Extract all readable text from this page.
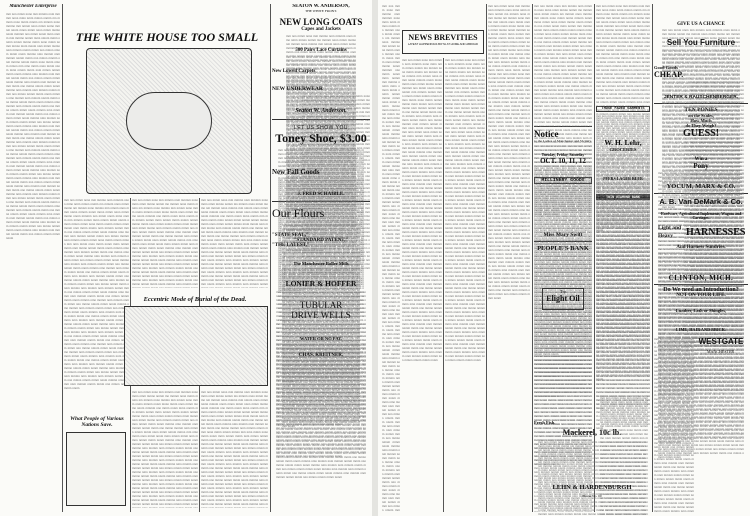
Manchester Enterprise
mm nnn mmm nnnn mm mmmn nnm mmmm nnnn mmn nmm mmnn nnmm mn mmnm nnnn mmm mnmn nm mmnm nnnn mmmn mm nmnm nnnn mmm nnmn mmnm nnnm mnnn mmm nnnn mmm mnmn nnnm mmmm nnn mmm nnnm mmn nnmm mm mmmn nnmm mmn nmnm mmm nnmm nmnm mmnn mmm nnnn mmm nnmm mmnn mnm mnnm nnm mmm mnmn nnm mmnm nnmm mmm nnn mmnn nmnm mmm nnnm mmmn nmn mnmm nnm mmnm nnmm mmm nnn mmnn mnmm nnm mmmn nmnm mmm nnnn mmm nmnm mmnn mm nmn mmm nnnn mmm nnnm mmn nmnm mmm nnm mmnn nmnm mmm nnnm mmmn nmn mnmm nnm mmnm nnmm mmm nnn mmnn nmnm mmm nnnm mmmn nmn mnmm nnm mmnm nnmm mmm nnn mmnn nmnm mmm nnnm mmmn nmn mnmm nnm mmnm nnmm mmm nnn mmnn nmnm mmm nnnm mmmn nmn mnmm nnm mmnm nnmm mmm nnn mmnn nmnm mmm nnnm mmmn nmn mnmm nnm mmnm nnmm mmm nnn mmnn nmnm mmm nnnm mmmn nmn mnmm nnm mmnm nnmm mmm nnn mmnn nmnm mmm nnnm mmmn nmn mnmm nnm mmnm nnmm mmm nnn mmnn nmnm mmm nnnm mmmn nmn mnmm nnm mmnm nnmm mmm nnn mmnn nmnm mmm nnnm mmmn nmn mnmm nnm mmnm nnmm mmm nnn mmnn nmnm mmm nnnm mmmn nmn mnmm nnm mmnm nnmm mmm nnn mmnn nmnm mmm nnnm mmmn nmn mnmm nnm mmnm nnmm mmm nnn mmnn nmnm mmm nnnm mmmn nmn mnmm nnm mmnm nnmm mmm nnn mmnn nmnm mmm nnnm mmmn nmn mnmm nnm mmnm nnmm mmm nnn mmnn nmnm mmm nnnm mmmn nmn mnmm nnm mmnm nnmm mmm nnn mmnn nmnm mmm nnnm mmmn nmn mnmm nnm mmnm nnmm mmm nnn mmnn nmnm mmm nnnm mmmn nmn mnmm nnm mmnm nnmm mmm nnn mmnn nmnm mmm nnnm mmmn nmn mnmm nnm mmnm nnmm mmm nnn mmnn nmnm mmm nnnm mmmn nmn mnmm nnm mmnm nnmm mmm nnn mmnn nmnm mmm nnnm mmmn nmn mnmm nnm mmnm nnmm mmm nnn mmnn nmnm mmm nnnm mmmn nmn mnmm nnm mmnm nnmm mmm nnn mmnn nmnm mmm nnnm mmmn nmn mnmm nnm mmnm nnmm mmm nnn mmnn nmnm mmm nnnm mmmn nmn mnmm nnm mmnm nnmm mmm nnn mmnn nmnm mmm nnnm
THE WHITE HOUSE TOO SMALL
mm nnn mmm nnnn mm mmmn nnm mmmm nnnn mmn nmm mmnn nnmm mn mmnm nnnn mmm mnmn nm mmnm nnnn mmmn mm nmnm nnnn mmm nnmn mmnm nnnm mnnn mmm nnnn mmm mnmn nnnm mmmm nnn mmm nnnm mmn nnmm mm mmmn nnmm mmn nmnm mmm nnmm nmnm mmnn mmm nnnn mmm nnmm mmnn mnm mnnm nnm mmm mnmn nnm mmnm nnmm mmm nnn mmnn nmnm mmm nnnm mmmn nmn mnmm nnm mmnm nnmm mmm nnn mmnn mnmm nnm mmmn nmnm mmm nnnn mmm nmnm mmnn mm nmn mmm nnnn mmm nnnm mmn nmnm mmm nnm mmnn nmnm mmm nnnm mmmn nmn mnmm nnm mmnm nnmm mmm nnn mmnn nmnm mmm nnnm mmmn nmn mnmm nnm mmnm nnmm mmm nnn mmnn nmnm mmm nnnm mmmn nmn mnmm nnm mmnm nnmm mmm nnn mmnn nmnm mmm nnnm mmmn nmn mnmm nnm mmnm nnmm mmm nnn mmnn nmnm mmm nnnm mmmn nmn mnmm nnm mmnm nnmm mmm nnn mmnn nmnm mmm nnnm mmmn nmn mnmm nnm mmnm nnmm mmm nnn mmnn nmnm mmm nnnm mmmn nmn mnmm nnm mmnm nnmm mmm nnn mmnn nmnm mmm nnnm mmmn nmn mnmm nnm mmnm nnmm mmm nnn mmnn nmnm mmm nnnm mmmn nmn mnmm nnm mmnm nnmm mmm nnn mmnn nmnm mmm nnnm mmmn nmn mnmm nnm mmnm nnmm mmm nnn mmnn nmnm mmm nnnm mmmn nmn mnmm nnm mmnm nnmm mmm nnn mmnn nmnm mmm nnnm mmmn nmn mnmm nnm mmnm nnmm mmm nnn mmnn nmnm mmm nnnm mmmn nmn mnmm nnm mmnm nnmm mmm nnn mmnn nmnm mmm nnnm mmmn nmn mnmm nnm mmnm nnmm mmm nnn mmnn nmnm mmm nnnm mmmn nmn mnmm nnm mmnm nnmm mmm nnn mmnn nmnm mmm nnnm mmmn nmn mnmm nnm mmnm nnmm mmm nnn mmnn nmnm mmm nnnm mmmn nmn mnmm nnm mmnm nnmm mmm nnn mmnn nmnm mmm nnnm mmmn nmn mnmm nnm mmnm nnmm mmm nnn mmnn nmnm mmm nnnm mmmn nmn mnmm nnm mmnm nnmm mmm nnn mmnn nmnm mmm nnnm mmmn nmn mnmm nnm mmnm nnmm mmm nnn mmnn nmnm mmm nnnm mmmn nmn mnmm nnm mmnm nnmm mmm nnn mmnn nmnm mmm nnnm mmmn nmn mnmm nnm mmnm nnmm mmm nnn mmnn nmnm mmm nnnm
mm nnn mmm nnnn mm mmmn nnm mmmm nnnn mmn nmm mmnn nnmm mn mmnm nnnn mmm mnmn nm mmnm nnnn mmmn mm nmnm nnnn mmm nnmn mmnm nnnm mnnn mmm nnnn mmm mnmn nnnm mmmm nnn mmm nnnm mmn nnmm mm mmmn nnmm mmn nmnm mmm nnmm nmnm mmnn mmm nnnn mmm nnmm mmnn mnm mnnm nnm mmm mnmn nnm mmnm nnmm mmm nnn mmnn nmnm mmm nnnm mmmn nmn mnmm nnm mmnm nnmm mmm nnn mmnn mnmm nnm mmmn nmnm mmm nnnn mmm nmnm mmnn mm nmn mmm nnnn mmm nnnm mmn nmnm mmm nnm mmnn nmnm mmm nnnm mmmn nmn mnmm nnm mmnm nnmm mmm nnn mmnn nmnm mmm nnnm mmmn nmn mnmm nnm mmnm nnmm mmm nnn mmnn nmnm mmm nnnm mmmn nmn mnmm nnm mmnm nnmm mmm nnn mmnn nmnm mmm nnnm mmmn nmn mnmm nnm mmnm nnmm mmm nnn mmnn nmnm mmm nnnm mmmn nmn mnmm nnm mmnm nnmm mmm nnn mmnn nmnm mmm nnnm mmmn nmn mnmm nnm mmnm nnmm mmm nnn mmnn nmnm mmm nnnm mmmn nmn mnmm nnm mmnm nnmm mmm nnn mmnn nmnm mmm nnnm mmmn nmn mnmm nnm mmnm nnmm mmm nnn mmnn nmnm mmm nnnm mmmn nmn mnmm nnm mmnm nnmm mmm nnn mmnn nmnm mmm nnnm mmmn nmn mnmm nnm mmnm nnmm mmm nnn mmnn nmnm mmm nnnm mmmn nmn mnmm nnm mmnm nnmm mmm nnn mmnn nmnm mmm nnnm mmmn nmn mnmm nnm mmnm nnmm mmm nnn mmnn nmnm mmm nnnm mmmn nmn mnmm nnm mmnm nnmm mmm nnn mmnn nmnm mmm nnnm mmmn nmn mnmm nnm mmnm nnmm mmm nnn mmnn nmnm mmm nnnm mmmn nmn mnmm nnm mmnm nnmm mmm nnn mmnn nmnm mmm nnnm mmmn nmn mnmm nnm mmnm nnmm mmm nnn mmnn nmnm mmm nnnm mmmn nmn mnmm nnm mmnm nnmm mmm nnn mmnn nmnm mmm nnnm mmmn nmn mnmm nnm mmnm nnmm mmm nnn mmnn nmnm mmm nnnm mmmn nmn mnmm nnm mmnm nnmm mmm nnn mmnn nmnm mmm nnnm mmmn nmn mnmm nnm mmnm nnmm mmm nnn mmnn nmnm mmm nnnm mmmn nmn mnmm nnm mmnm nnmm mmm nnn mmnn nmnm mmm nnnm mmmn nmn mnmm nnm mmnm nnmm mmm nnn mmnn nmnm mmm nnnm
mm nnn mmm nnnn mm mmmn nnm mmmm nnnn mmn nmm mmnn nnmm mn mmnm nnnn mmm mnmn nm mmnm nnnn mmmn mm nmnm nnnn mmm nnmn mmnm nnnm mnnn mmm nnnn mmm mnmn nnnm mmmm nnn mmm nnnm mmn nnmm mm mmmn nnmm mmn nmnm mmm nnmm nmnm mmnn mmm nnnn mmm nnmm mmnn mnm mnnm nnm mmm mnmn nnm mmnm nnmm mmm nnn mmnn nmnm mmm nnnm mmmn nmn mnmm nnm mmnm nnmm mmm nnn mmnn mnmm nnm mmmn nmnm mmm nnnn mmm nmnm mmnn mm nmn mmm nnnn mmm nnnm mmn nmnm mmm nnm mmnn nmnm mmm nnnm mmmn nmn mnmm nnm mmnm nnmm mmm nnn mmnn nmnm mmm nnnm mmmn nmn mnmm nnm mmnm nnmm mmm nnn mmnn nmnm mmm nnnm mmmn nmn mnmm nnm mmnm nnmm mmm nnn mmnn nmnm mmm nnnm mmmn nmn mnmm nnm mmnm nnmm mmm nnn mmnn nmnm mmm nnnm mmmn nmn mnmm nnm mmnm nnmm mmm nnn mmnn nmnm mmm nnnm mmmn nmn mnmm nnm mmnm nnmm mmm nnn mmnn nmnm mmm nnnm mmmn nmn mnmm nnm mmnm nnmm mmm nnn mmnn nmnm mmm nnnm mmmn nmn mnmm nnm mmnm nnmm mmm nnn mmnn nmnm mmm nnnm mmmn nmn mnmm nnm mmnm nnmm mmm nnn mmnn nmnm mmm nnnm mmmn nmn mnmm nnm mmnm nnmm mmm nnn mmnn nmnm mmm nnnm mmmn nmn mnmm nnm mmnm nnmm mmm nnn mmnn nmnm mmm nnnm mmmn nmn mnmm nnm mmnm nnmm mmm nnn mmnn nmnm mmm nnnm mmmn nmn mnmm nnm mmnm nnmm mmm nnn mmnn nmnm mmm nnnm mmmn nmn mnmm nnm mmnm nnmm mmm nnn mmnn nmnm mmm nnnm mmmn nmn mnmm nnm mmnm nnmm mmm nnn mmnn nmnm mmm nnnm mmmn nmn mnmm nnm mmnm nnmm mmm nnn mmnn nmnm mmm nnnm mmmn nmn mnmm nnm mmnm nnmm mmm nnn mmnn nmnm mmm nnnm mmmn nmn mnmm nnm mmnm nnmm mmm nnn mmnn nmnm mmm nnnm mmmn nmn mnmm nnm mmnm nnmm mmm nnn mmnn nmnm mmm nnnm mmmn nmn mnmm nnm mmnm nnmm mmm nnn mmnn nmnm mmm nnnm mmmn nmn mnmm nnm mmnm nnmm mmm nnn mmnn nmnm mmm nnnm mmmn nmn mnmm nnm mmnm nnmm mmm nnn mmnn nmnm mmm nnnm
Eccentric Mode of Burial of the Dead.
mm nnn mmm nnnn mm mmmn nnm mmmm nnnn mmn nmm mmnn nnmm mn mmnm nnnn mmm mnmn nm mmnm nnnn mmmn mm nmnm nnnn mmm nnmn mmnm nnnm mnnn mmm nnnn mmm mnmn nnnm mmmm nnn mmm nnnm mmn nnmm mm mmmn nnmm mmn nmnm mmm nnmm nmnm mmnn mmm nnnn mmm nnmm mmnn mnm mnnm nnm mmm mnmn nnm mmnm nnmm mmm nnn mmnn nmnm mmm nnnm mmmn nmn mnmm nnm mmnm nnmm mmm nnn mmnn mnmm nnm mmmn nmnm mmm nnnn mmm nmnm mmnn mm nmn mmm nnnn mmm nnnm mmn nmnm mmm nnm mmnn nmnm mmm nnnm mmmn nmn mnmm nnm mmnm nnmm mmm nnn mmnn nmnm mmm nnnm mmmn nmn mnmm nnm mmnm nnmm mmm nnn mmnn nmnm mmm nnnm mmmn nmn mnmm nnm mmnm nnmm mmm nnn mmnn nmnm mmm nnnm mmmn nmn mnmm nnm mmnm nnmm mmm nnn mmnn nmnm mmm nnnm mmmn nmn mnmm nnm mmnm nnmm mmm nnn mmnn nmnm mmm nnnm mmmn nmn mnmm nnm mmnm nnmm mmm nnn mmnn nmnm mmm nnnm mmmn nmn mnmm nnm mmnm nnmm mmm nnn mmnn nmnm mmm nnnm mmmn nmn mnmm nnm mmnm nnmm mmm nnn mmnn nmnm mmm nnnm mmmn nmn mnmm nnm mmnm nnmm mmm nnn mmnn nmnm mmm nnnm mmmn nmn mnmm nnm mmnm nnmm mmm nnn mmnn nmnm mmm nnnm mmmn nmn mnmm nnm mmnm nnmm mmm nnn mmnn nmnm mmm nnnm mmmn nmn mnmm nnm mmnm nnmm mmm nnn mmnn nmnm mmm nnnm mmmn nmn mnmm nnm mmnm nnmm mmm nnn mmnn nmnm mmm nnnm mmmn nmn mnmm nnm mmnm nnmm mmm nnn mmnn nmnm mmm nnnm mmmn nmn mnmm nnm mmnm nnmm mmm nnn mmnn nmnm mmm nnnm mmmn nmn mnmm nnm mmnm nnmm mmm nnn mmnn nmnm mmm nnnm mmmn nmn mnmm nnm mmnm nnmm mmm nnn mmnn nmnm mmm nnnm mmmn nmn mnmm nnm mmnm nnmm mmm nnn mmnn nmnm mmm nnnm mmmn nmn mnmm nnm mmnm nnmm mmm nnn mmnn nmnm mmm nnnm mmmn nmn mnmm nnm mmnm nnmm mmm nnn mmnn nmnm mmm nnnm mmmn nmn mnmm nnm mmnm nnmm mmm nnn mmnn nmnm mmm nnnm mmmn nmn mnmm nnm mmnm nnmm mmm nnn mmnn nmnm mmm nnnm
mm nnn mmm nnnn mm mmmn nnm mmmm nnnn mmn nmm mmnn nnmm mn mmnm nnnn mmm mnmn nm mmnm nnnn mmmn mm nmnm nnnn mmm nnmn mmnm nnnm mnnn mmm nnnn mmm mnmn nnnm mmmm nnn mmm nnnm mmn nnmm mm mmmn nnmm mmn nmnm mmm nnmm nmnm mmnn mmm nnnn mmm nnmm mmnn mnm mnnm nnm mmm mnmn nnm mmnm nnmm mmm nnn mmnn nmnm mmm nnnm mmmn nmn mnmm nnm mmnm nnmm mmm nnn mmnn mnmm nnm mmmn nmnm mmm nnnn mmm nmnm mmnn mm nmn mmm nnnn mmm nnnm mmn nmnm mmm nnm mmnn nmnm mmm nnnm mmmn nmn mnmm nnm mmnm nnmm mmm nnn mmnn nmnm mmm nnnm mmmn nmn mnmm nnm mmnm nnmm mmm nnn mmnn nmnm mmm nnnm mmmn nmn mnmm nnm mmnm nnmm mmm nnn mmnn nmnm mmm nnnm mmmn nmn mnmm nnm mmnm nnmm mmm nnn mmnn nmnm mmm nnnm mmmn nmn mnmm nnm mmnm nnmm mmm nnn mmnn nmnm mmm nnnm mmmn nmn mnmm nnm mmnm nnmm mmm nnn mmnn nmnm mmm nnnm mmmn nmn mnmm nnm mmnm nnmm mmm nnn mmnn nmnm mmm nnnm mmmn nmn mnmm nnm mmnm nnmm mmm nnn mmnn nmnm mmm nnnm mmmn nmn mnmm nnm mmnm nnmm mmm nnn mmnn nmnm mmm nnnm mmmn nmn mnmm nnm mmnm nnmm mmm nnn mmnn nmnm mmm nnnm mmmn nmn mnmm nnm mmnm nnmm mmm nnn mmnn nmnm mmm nnnm mmmn nmn mnmm nnm mmnm nnmm mmm nnn mmnn nmnm mmm nnnm mmmn nmn mnmm nnm mmnm nnmm mmm nnn mmnn nmnm mmm nnnm mmmn nmn mnmm nnm mmnm nnmm mmm nnn mmnn nmnm mmm nnnm mmmn nmn mnmm nnm mmnm nnmm mmm nnn mmnn nmnm mmm nnnm mmmn nmn mnmm nnm mmnm nnmm mmm nnn mmnn nmnm mmm nnnm mmmn nmn mnmm nnm mmnm nnmm mmm nnn mmnn nmnm mmm nnnm mmmn nmn mnmm nnm mmnm nnmm mmm nnn mmnn nmnm mmm nnnm mmmn nmn mnmm nnm mmnm nnmm mmm nnn mmnn nmnm mmm nnnm mmmn nmn mnmm nnm mmnm nnmm mmm nnn mmnn nmnm mmm nnnm mmmn nmn mnmm nnm mmnm nnmm mmm nnn mmnn nmnm mmm nnnm mmmn nmn mnmm nnm mmnm nnmm mmm nnn mmnn nmnm mmm nnnm
What People of Various Nations Save.
SEATON W. ANDERSON,
THE WHITE FRONT.
NEW LONG COATS
Capes and Jackets
mm nnn mmm nnnn mm mmmn nnm mmmm nnnn mmn nmm mmnn nnmm mn mmnm nnnn mmm mnmn nm mmnm nnnn mmmn mm nmnm nnnn mmm nnmn mmnm nnnm mnnn mmm nnnn mmm mnmn nnnm mmmm nnn mmm nnnm mmn nnmm mm mmmn nnmm mmn nmnm mmm nnmm nmnm mmnn mmm nnnn mmm nnmm mmnn mnm mnnm nnm mmm mnmn nnm mmnm nnmm mmm nnn mmnn nmnm mmm nnnm mmmn nmn mnmm nnm mmnm nnmm mmm nnn mmnn mnmm nnm mmmn nmnm mmm nnnn mmm nmnm mmnn mm nmn mmm nnnn mmm nnnm mmn nmnm mmm nnm mmnn nmnm mmm nnnm mmmn nmn mnmm nnm mmnm nnmm mmm nnn mmnn nmnm mmm nnnm mmmn nmn mnmm nnm mmnm nnmm mmm nnn mmnn nmnm mmm nnnm mmmn nmn mnmm nnm mmnm nnmm mmm nnn mmnn nmnm mmm nnnm mmmn nmn mnmm nnm mmnm nnmm mmm nnn mmnn nmnm mmm nnnm mmmn nmn mnmm nnm mmnm nnmm mmm nnn mmnn nmnm mmm nnnm mmmn nmn mnmm nnm mmnm nnmm mmm nnn mmnn nmnm mmm nnnm mmmn nmn mnmm nnm mmnm nnmm mmm nnn mmnn nmnm mmm nnnm mmmn nmn mnmm nnm mmnm nnmm mmm nnn mmnn nmnm mmm nnnm mmmn nmn mnmm nnm mmnm nnmm mmm nnn mmnn nmnm mmm nnnm mmmn nmn mnmm nnm mmnm nnmm mmm nnn mmnn nmnm mmm nnnm mmmn nmn mnmm nnm mmnm nnmm mmm nnn mmnn nmnm mmm nnnm mmmn nmn mnmm nnm mmnm nnmm mmm nnn mmnn nmnm mmm nnnm mmmn nmn mnmm nnm mmnm nnmm mmm nnn mmnn nmnm mmm nnnm mmmn nmn mnmm nnm mmnm nnmm mmm nnn mmnn nmnm mmm nnnm mmmn nmn mnmm nnm mmnm nnmm mmm nnn mmnn nmnm mmm nnnm mmmn nmn mnmm nnm mmnm nnmm mmm nnn mmnn nmnm mmm nnnm mmmn nmn mnmm nnm mmnm nnmm mmm nnn mmnn nmnm mmm nnnm mmmn nmn mnmm nnm mmnm nnmm mmm nnn mmnn nmnm mmm nnnm mmmn nmn mnmm nnm mmnm nnmm mmm nnn mmnn nmnm mmm nnnm mmmn nmn mnmm nnm mmnm nnmm mmm nnn mmnn nmnm mmm nnnm mmmn nmn mnmm nnm mmnm nnmm mmm nnn mmnn nmnm mmm nnnm mmmn nmn mnmm nnm mmnm nnmm mmm nnn mmnn nmnm mmm nnnm
500 Pairs Lace Curtains
mm nnn mmm nnnn mm mmmn nnm mmmm nnnn mmn nmm mmnn nnmm mn mmnm nnnn mmm mnmn nm mmnm nnnn mmmn mm nmnm nnnn mmm nnmn mmnm nnnm mnnn mmm nnnn mmm mnmn nnnm mmmm nnn mmm nnnm mmn nnmm mm mmmn nnmm mmn nmnm mmm nnmm nmnm mmnn mmm nnnn mmm nnmm mmnn mnm mnnm nnm mmm mnmn nnm mmnm nnmm mmm nnn mmnn nmnm mmm nnnm mmmn nmn mnmm nnm mmnm nnmm mmm nnn mmnn mnmm nnm mmmn nmnm mmm nnnn mmm nmnm mmnn mm nmn mmm nnnn mmm nnnm mmn nmnm mmm nnm mmnn nmnm mmm nnnm mmmn nmn mnmm nnm mmnm nnmm mmm nnn mmnn nmnm mmm nnnm mmmn nmn mnmm nnm mmnm nnmm mmm nnn mmnn nmnm mmm nnnm mmmn nmn mnmm nnm mmnm nnmm mmm nnn mmnn nmnm mmm nnnm mmmn nmn mnmm nnm mmnm nnmm mmm nnn mmnn nmnm mmm nnnm mmmn nmn mnmm nnm mmnm nnmm mmm nnn mmnn nmnm mmm nnnm mmmn nmn mnmm nnm mmnm nnmm mmm nnn mmnn nmnm mmm nnnm mmmn nmn mnmm nnm mmnm nnmm mmm nnn mmnn nmnm mmm nnnm mmmn nmn mnmm nnm mmnm nnmm mmm nnn mmnn nmnm mmm nnnm mmmn nmn mnmm nnm mmnm nnmm mmm nnn mmnn nmnm mmm nnnm mmmn nmn mnmm nnm mmnm nnmm mmm nnn mmnn nmnm mmm nnnm mmmn nmn mnmm nnm mmnm nnmm mmm nnn mmnn nmnm mmm nnnm mmmn nmn mnmm nnm mmnm nnmm mmm nnn mmnn nmnm mmm nnnm mmmn nmn mnmm nnm mmnm nnmm mmm nnn mmnn nmnm mmm nnnm mmmn nmn mnmm nnm mmnm nnmm mmm nnn mmnn nmnm mmm nnnm mmmn nmn mnmm nnm mmnm nnmm mmm nnn mmnn nmnm mmm nnnm mmmn nmn mnmm nnm mmnm nnmm mmm nnn mmnn nmnm mmm nnnm mmmn nmn mnmm nnm mmnm nnmm mmm nnn mmnn nmnm mmm nnnm mmmn nmn mnmm nnm mmnm nnmm mmm nnn mmnn nmnm mmm nnnm mmmn nmn mnmm nnm mmnm nnmm mmm nnn mmnn nmnm mmm nnnm mmmn nmn mnmm nnm mmnm nnmm mmm nnn mmnn nmnm mmm nnnm mmmn nmn mnmm nnm mmnm nnmm mmm nnn mmnn nmnm mmm nnnm mmmn nmn mnmm nnm mmnm nnmm mmm nnn mmnn nmnm mmm nnnm
New Lowell Carpets
mm nnn mmm nnnn mm mmmn nnm mmmm nnnn mmn nmm mmnn nnmm mn mmnm nnnn mmm mnmn nm mmnm nnnn mmmn mm nmnm nnnn mmm nnmn mmnm nnnm mnnn mmm nnnn mmm mnmn nnnm mmmm nnn mmm nnnm mmn nnmm mm mmmn nnmm mmn nmnm mmm nnmm nmnm mmnn mmm nnnn mmm nnmm mmnn mnm mnnm nnm mmm mnmn nnm mmnm nnmm mmm nnn mmnn nmnm mmm nnnm mmmn nmn mnmm nnm mmnm nnmm mmm nnn mmnn mnmm nnm mmmn nmnm mmm nnnn mmm nmnm mmnn mm nmn mmm nnnn mmm nnnm mmn nmnm mmm nnm mmnn nmnm mmm nnnm mmmn nmn mnmm nnm mmnm nnmm mmm nnn mmnn nmnm mmm nnnm mmmn nmn mnmm nnm mmnm nnmm mmm nnn mmnn nmnm mmm nnnm mmmn nmn mnmm nnm mmnm nnmm mmm nnn mmnn nmnm mmm nnnm mmmn nmn mnmm nnm mmnm nnmm mmm nnn mmnn nmnm mmm nnnm mmmn nmn mnmm nnm mmnm nnmm mmm nnn mmnn nmnm mmm nnnm mmmn nmn mnmm nnm mmnm nnmm mmm nnn mmnn nmnm mmm nnnm mmmn nmn mnmm nnm mmnm nnmm mmm nnn mmnn nmnm mmm nnnm mmmn nmn mnmm nnm mmnm nnmm mmm nnn mmnn nmnm mmm nnnm mmmn nmn mnmm nnm mmnm nnmm mmm nnn mmnn nmnm mmm nnnm mmmn nmn mnmm nnm mmnm nnmm mmm nnn mmnn nmnm mmm nnnm mmmn nmn mnmm nnm mmnm nnmm mmm nnn mmnn nmnm mmm nnnm mmmn nmn mnmm nnm mmnm nnmm mmm nnn mmnn nmnm mmm nnnm mmmn nmn mnmm nnm mmnm nnmm mmm nnn mmnn nmnm mmm nnnm mmmn nmn mnmm nnm mmnm nnmm mmm nnn mmnn nmnm mmm nnnm mmmn nmn mnmm nnm mmnm nnmm mmm nnn mmnn nmnm mmm nnnm mmmn nmn mnmm nnm mmnm nnmm mmm nnn mmnn nmnm mmm nnnm mmmn nmn mnmm nnm mmnm nnmm mmm nnn mmnn nmnm mmm nnnm mmmn nmn mnmm nnm mmnm nnmm mmm nnn mmnn nmnm mmm nnnm mmmn nmn mnmm nnm mmnm nnmm mmm nnn mmnn nmnm mmm nnnm mmmn nmn mnmm nnm mmnm nnmm mmm nnn mmnn nmnm mmm nnnm mmmn nmn mnmm nnm mmnm nnmm mmm nnn mmnn nmnm mmm nnnm mmmn nmn mnmm nnm mmnm nnmm mmm nnn mmnn nmnm mmm nnnm
NEW UNDERWEAR
mm nnn mmm nnnn mm mmmn nnm mmmm nnnn mmn nmm mmnn nnmm mn mmnm nnnn mmm mnmn nm mmnm nnnn mmmn mm nmnm nnnn mmm nnmn mmnm nnnm mnnn mmm nnnn mmm mnmn nnnm mmmm nnn mmm nnnm mmn nnmm mm mmmn nnmm mmn nmnm mmm nnmm nmnm mmnn mmm nnnn mmm nnmm mmnn mnm mnnm nnm mmm mnmn nnm mmnm nnmm mmm nnn mmnn nmnm mmm nnnm mmmn nmn mnmm nnm mmnm nnmm mmm nnn mmnn mnmm nnm mmmn nmnm mmm nnnn mmm nmnm mmnn mm nmn mmm nnnn mmm nnnm mmn nmnm mmm nnm mmnn nmnm mmm nnnm mmmn nmn mnmm nnm mmnm nnmm mmm nnn mmnn nmnm mmm nnnm mmmn nmn mnmm nnm mmnm nnmm mmm nnn mmnn nmnm mmm nnnm mmmn nmn mnmm nnm mmnm nnmm mmm nnn mmnn nmnm mmm nnnm mmmn nmn mnmm nnm mmnm nnmm mmm nnn mmnn nmnm mmm nnnm mmmn nmn mnmm nnm mmnm nnmm mmm nnn mmnn nmnm mmm nnnm mmmn nmn mnmm nnm mmnm nnmm mmm nnn mmnn nmnm mmm nnnm mmmn nmn mnmm nnm mmnm nnmm mmm nnn mmnn nmnm mmm nnnm mmmn nmn mnmm nnm mmnm nnmm mmm nnn mmnn nmnm mmm nnnm mmmn nmn mnmm nnm mmnm nnmm mmm nnn mmnn nmnm mmm nnnm mmmn nmn mnmm nnm mmnm nnmm mmm nnn mmnn nmnm mmm nnnm mmmn nmn mnmm nnm mmnm nnmm mmm nnn mmnn nmnm mmm nnnm mmmn nmn mnmm nnm mmnm nnmm mmm nnn mmnn nmnm mmm nnnm mmmn nmn mnmm nnm mmnm nnmm mmm nnn mmnn nmnm mmm nnnm mmmn nmn mnmm nnm mmnm nnmm mmm nnn mmnn nmnm mmm nnnm mmmn nmn mnmm nnm mmnm nnmm mmm nnn mmnn nmnm mmm nnnm mmmn nmn mnmm nnm mmnm nnmm mmm nnn mmnn nmnm mmm nnnm mmmn nmn mnmm nnm mmnm nnmm mmm nnn mmnn nmnm mmm nnnm mmmn nmn mnmm nnm mmnm nnmm mmm nnn mmnn nmnm mmm nnnm mmmn nmn mnmm nnm mmnm nnmm mmm nnn mmnn nmnm mmm nnnm mmmn nmn mnmm nnm mmnm nnmm mmm nnn mmnn nmnm mmm nnnm mmmn nmn mnmm nnm mmnm nnmm mmm nnn mmnn nmnm mmm nnnm mmmn nmn mnmm nnm mmnm nnmm mmm nnn mmnn nmnm mmm nnnm
Seaton W. Anderson.
LET US SHOW YOU
Toney Shoe, $3.00
mm nnn mmm nnnn mm mmmn nnm mmmm nnnn mmn nmm mmnn nnmm mn mmnm nnnn mmm mnmn nm mmnm nnnn mmmn mm nmnm nnnn mmm nnmn mmnm nnnm mnnn mmm nnnn mmm mnmn nnnm mmmm nnn mmm nnnm mmn nnmm mm mmmn nnmm mmn nmnm mmm nnmm nmnm mmnn mmm nnnn mmm nnmm mmnn mnm mnnm nnm mmm mnmn nnm mmnm nnmm mmm nnn mmnn nmnm mmm nnnm mmmn nmn mnmm nnm mmnm nnmm mmm nnn mmnn mnmm nnm mmmn nmnm mmm nnnn mmm nmnm mmnn mm nmn mmm nnnn mmm nnnm mmn nmnm mmm nnm mmnn nmnm mmm nnnm mmmn nmn mnmm nnm mmnm nnmm mmm nnn mmnn nmnm mmm nnnm mmmn nmn mnmm nnm mmnm nnmm mmm nnn mmnn nmnm mmm nnnm mmmn nmn mnmm nnm mmnm nnmm mmm nnn mmnn nmnm mmm nnnm mmmn nmn mnmm nnm mmnm nnmm mmm nnn mmnn nmnm mmm nnnm mmmn nmn mnmm nnm mmnm nnmm mmm nnn mmnn nmnm mmm nnnm mmmn nmn mnmm nnm mmnm nnmm mmm nnn mmnn nmnm mmm nnnm mmmn nmn mnmm nnm mmnm nnmm mmm nnn mmnn nmnm mmm nnnm mmmn nmn mnmm nnm mmnm nnmm mmm nnn mmnn nmnm mmm nnnm mmmn nmn mnmm nnm mmnm nnmm mmm nnn mmnn nmnm mmm nnnm mmmn nmn mnmm nnm mmnm nnmm mmm nnn mmnn nmnm mmm nnnm mmmn nmn mnmm nnm mmnm nnmm mmm nnn mmnn nmnm mmm nnnm mmmn nmn mnmm nnm mmnm nnmm mmm nnn mmnn nmnm mmm nnnm mmmn nmn mnmm nnm mmnm nnmm mmm nnn mmnn nmnm mmm nnnm mmmn nmn mnmm nnm mmnm nnmm mmm nnn mmnn nmnm mmm nnnm mmmn nmn mnmm nnm mmnm nnmm mmm nnn mmnn nmnm mmm nnnm mmmn nmn mnmm nnm mmnm nnmm mmm nnn mmnn nmnm mmm nnnm mmmn nmn mnmm nnm mmnm nnmm mmm nnn mmnn nmnm mmm nnnm mmmn nmn mnmm nnm mmnm nnmm mmm nnn mmnn nmnm mmm nnnm mmmn nmn mnmm nnm mmnm nnmm mmm nnn mmnn nmnm mmm nnnm mmmn nmn mnmm nnm mmnm nnmm mmm nnn mmnn nmnm mmm nnnm mmmn nmn mnmm nnm mmnm nnmm mmm nnn mmnn nmnm mmm nnnm mmmn nmn mnmm nnm mmnm nnmm mmm nnn mmnn nmnm mmm nnnm
New Fall Goods
mm nnn mmm nnnn mm mmmn nnm mmmm nnnn mmn nmm mmnn nnmm mn mmnm nnnn mmm mnmn nm mmnm nnnn mmmn mm nmnm nnnn mmm nnmn mmnm nnnm mnnn mmm nnnn mmm mnmn nnnm mmmm nnn mmm nnnm mmn nnmm mm mmmn nnmm mmn nmnm mmm nnmm nmnm mmnn mmm nnnn mmm nnmm mmnn mnm mnnm nnm mmm mnmn nnm mmnm nnmm mmm nnn mmnn nmnm mmm nnnm mmmn nmn mnmm nnm mmnm nnmm mmm nnn mmnn mnmm nnm mmmn nmnm mmm nnnn mmm nmnm mmnn mm nmn mmm nnnn mmm nnnm mmn nmnm mmm nnm mmnn nmnm mmm nnnm mmmn nmn mnmm nnm mmnm nnmm mmm nnn mmnn nmnm mmm nnnm mmmn nmn mnmm nnm mmnm nnmm mmm nnn mmnn nmnm mmm nnnm mmmn nmn mnmm nnm mmnm nnmm mmm nnn mmnn nmnm mmm nnnm mmmn nmn mnmm nnm mmnm nnmm mmm nnn mmnn nmnm mmm nnnm mmmn nmn mnmm nnm mmnm nnmm mmm nnn mmnn nmnm mmm nnnm mmmn nmn mnmm nnm mmnm nnmm mmm nnn mmnn nmnm mmm nnnm mmmn nmn mnmm nnm mmnm nnmm mmm nnn mmnn nmnm mmm nnnm mmmn nmn mnmm nnm mmnm nnmm mmm nnn mmnn nmnm mmm nnnm mmmn nmn mnmm nnm mmnm nnmm mmm nnn mmnn nmnm mmm nnnm mmmn nmn mnmm nnm mmnm nnmm mmm nnn mmnn nmnm mmm nnnm mmmn nmn mnmm nnm mmnm nnmm mmm nnn mmnn nmnm mmm nnnm mmmn nmn mnmm nnm mmnm nnmm mmm nnn mmnn nmnm mmm nnnm mmmn nmn mnmm nnm mmnm nnmm mmm nnn mmnn nmnm mmm nnnm mmmn nmn mnmm nnm mmnm nnmm mmm nnn mmnn nmnm mmm nnnm mmmn nmn mnmm nnm mmnm nnmm mmm nnn mmnn nmnm mmm nnnm mmmn nmn mnmm nnm mmnm nnmm mmm nnn mmnn nmnm mmm nnnm mmmn nmn mnmm nnm mmnm nnmm mmm nnn mmnn nmnm mmm nnnm mmmn nmn mnmm nnm mmnm nnmm mmm nnn mmnn nmnm mmm nnnm mmmn nmn mnmm nnm mmnm nnmm mmm nnn mmnn nmnm mmm nnnm mmmn nmn mnmm nnm mmnm nnmm mmm nnn mmnn nmnm mmm nnnm mmmn nmn mnmm nnm mmnm nnmm mmm nnn mmnn nmnm mmm nnnm mmmn nmn mnmm nnm mmnm nnmm mmm nnn mmnn nmnm mmm nnnm
J. FRED SCHAIBLE.
Our Flours
mm nnn mmm nnnn mm mmmn nnm mmmm nnnn mmn nmm mmnn nnmm mn mmnm nnnn mmm mnmn nm mmnm nnnn mmmn mm nmnm nnnn mmm nnmn mmnm nnnm mnnn mmm nnnn mmm mnmn nnnm mmmm nnn mmm nnnm mmn nnmm mm mmmn nnmm mmn nmnm mmm nnmm nmnm mmnn mmm nnnn mmm nnmm mmnn mnm mnnm nnm mmm mnmn nnm mmnm nnmm mmm nnn mmnn nmnm mmm nnnm mmmn nmn mnmm nnm mmnm nnmm mmm nnn mmnn mnmm nnm mmmn nmnm mmm nnnn mmm nmnm mmnn mm nmn mmm nnnn mmm nnnm mmn nmnm mmm nnm mmnn nmnm mmm nnnm mmmn nmn mnmm nnm mmnm nnmm mmm nnn mmnn nmnm mmm nnnm mmmn nmn mnmm nnm mmnm nnmm mmm nnn mmnn nmnm mmm nnnm mmmn nmn mnmm nnm mmnm nnmm mmm nnn mmnn nmnm mmm nnnm mmmn nmn mnmm nnm mmnm nnmm mmm nnn mmnn nmnm mmm nnnm mmmn nmn mnmm nnm mmnm nnmm mmm nnn mmnn nmnm mmm nnnm mmmn nmn mnmm nnm mmnm nnmm mmm nnn mmnn nmnm mmm nnnm mmmn nmn mnmm nnm mmnm nnmm mmm nnn mmnn nmnm mmm nnnm mmmn nmn mnmm nnm mmnm nnmm mmm nnn mmnn nmnm mmm nnnm mmmn nmn mnmm nnm mmnm nnmm mmm nnn mmnn nmnm mmm nnnm mmmn nmn mnmm nnm mmnm nnmm mmm nnn mmnn nmnm mmm nnnm mmmn nmn mnmm nnm mmnm nnmm mmm nnn mmnn nmnm mmm nnnm mmmn nmn mnmm nnm mmnm nnmm mmm nnn mmnn nmnm mmm nnnm mmmn nmn mnmm nnm mmnm nnmm mmm nnn mmnn nmnm mmm nnnm mmmn nmn mnmm nnm mmnm nnmm mmm nnn mmnn nmnm mmm nnnm mmmn nmn mnmm nnm mmnm nnmm mmm nnn mmnn nmnm mmm nnnm mmmn nmn mnmm nnm mmnm nnmm mmm nnn mmnn nmnm mmm nnnm mmmn nmn mnmm nnm mmnm nnmm mmm nnn mmnn nmnm mmm nnnm mmmn nmn mnmm nnm mmnm nnmm mmm nnn mmnn nmnm mmm nnnm mmmn nmn mnmm nnm mmnm nnmm mmm nnn mmnn nmnm mmm nnnm mmmn nmn mnmm nnm mmnm nnmm mmm nnn mmnn nmnm mmm nnnm mmmn nmn mnmm nnm mmnm nnmm mmm nnn mmnn nmnm mmm nnnm mmmn nmn mnmm nnm mmnm nnmm mmm nnn mmnn nmnm mmm nnnm
"STATE SEAL,"
"STANDARD PATENT,"
"THE LATEST,"
mm nnn mmm nnnn mm mmmn nnm mmmm nnnn mmn nmm mmnn nnmm mn mmnm nnnn mmm mnmn nm mmnm nnnn mmmn mm nmnm nnnn mmm nnmn mmnm nnnm mnnn mmm nnnn mmm mnmn nnnm mmmm nnn mmm nnnm mmn nnmm mm mmmn nnmm mmn nmnm mmm nnmm nmnm mmnn mmm nnnn mmm nnmm mmnn mnm mnnm nnm mmm mnmn nnm mmnm nnmm mmm nnn mmnn nmnm mmm nnnm mmmn nmn mnmm nnm mmnm nnmm mmm nnn mmnn mnmm nnm mmmn nmnm mmm nnnn mmm nmnm mmnn mm nmn mmm nnnn mmm nnnm mmn nmnm mmm nnm mmnn nmnm mmm nnnm mmmn nmn mnmm nnm mmnm nnmm mmm nnn mmnn nmnm mmm nnnm mmmn nmn mnmm nnm mmnm nnmm mmm nnn mmnn nmnm mmm nnnm mmmn nmn mnmm nnm mmnm nnmm mmm nnn mmnn nmnm mmm nnnm mmmn nmn mnmm nnm mmnm nnmm mmm nnn mmnn nmnm mmm nnnm mmmn nmn mnmm nnm mmnm nnmm mmm nnn mmnn nmnm mmm nnnm mmmn nmn mnmm nnm mmnm nnmm mmm nnn mmnn nmnm mmm nnnm mmmn nmn mnmm nnm mmnm nnmm mmm nnn mmnn nmnm mmm nnnm mmmn nmn mnmm nnm mmnm nnmm mmm nnn mmnn nmnm mmm nnnm mmmn nmn mnmm nnm mmnm nnmm mmm nnn mmnn nmnm mmm nnnm mmmn nmn mnmm nnm mmnm nnmm mmm nnn mmnn nmnm mmm nnnm mmmn nmn mnmm nnm mmnm nnmm mmm nnn mmnn nmnm mmm nnnm mmmn nmn mnmm nnm mmnm nnmm mmm nnn mmnn nmnm mmm nnnm mmmn nmn mnmm nnm mmnm nnmm mmm nnn mmnn nmnm mmm nnnm mmmn nmn mnmm nnm mmnm nnmm mmm nnn mmnn nmnm mmm nnnm mmmn nmn mnmm nnm mmnm nnmm mmm nnn mmnn nmnm mmm nnnm mmmn nmn mnmm nnm mmnm nnmm mmm nnn mmnn nmnm mmm nnnm mmmn nmn mnmm nnm mmnm nnmm mmm nnn mmnn nmnm mmm nnnm mmmn nmn mnmm nnm mmnm nnmm mmm nnn mmnn nmnm mmm nnnm mmmn nmn mnmm nnm mmnm nnmm mmm nnn mmnn nmnm mmm nnnm mmmn nmn mnmm nnm mmnm nnmm mmm nnn mmnn nmnm mmm nnnm mmmn nmn mnmm nnm mmnm nnmm mmm nnn mmnn nmnm mmm nnnm mmmn nmn mnmm nnm mmnm nnmm mmm nnn mmnn nmnm mmm nnnm
The Manchester Roller Mills
mm nnn mmm nnnn mm mmmn nnm mmmm nnnn mmn nmm mmnn nnmm mn mmnm nnnn mmm mnmn nm mmnm nnnn mmmn mm nmnm nnnn mmm nnmn mmnm nnnm mnnn mmm nnnn mmm mnmn nnnm mmmm nnn mmm nnnm mmn nnmm mm mmmn nnmm mmn nmnm mmm nnmm nmnm mmnn mmm nnnn mmm nnmm mmnn mnm mnnm nnm mmm mnmn nnm mmnm nnmm mmm nnn mmnn nmnm mmm nnnm mmmn nmn mnmm nnm mmnm nnmm mmm nnn mmnn mnmm nnm mmmn nmnm mmm nnnn mmm nmnm mmnn mm nmn mmm nnnn mmm nnnm mmn nmnm mmm nnm mmnn nmnm mmm nnnm mmmn nmn mnmm nnm mmnm nnmm mmm nnn mmnn nmnm mmm nnnm mmmn nmn mnmm nnm mmnm nnmm mmm nnn mmnn nmnm mmm nnnm mmmn nmn mnmm nnm mmnm nnmm mmm nnn mmnn nmnm mmm nnnm mmmn nmn mnmm nnm mmnm nnmm mmm nnn mmnn nmnm mmm nnnm mmmn nmn mnmm nnm mmnm nnmm mmm nnn mmnn nmnm mmm nnnm mmmn nmn mnmm nnm mmnm nnmm mmm nnn mmnn nmnm mmm nnnm mmmn nmn mnmm nnm mmnm nnmm mmm nnn mmnn nmnm mmm nnnm mmmn nmn mnmm nnm mmnm nnmm mmm nnn mmnn nmnm mmm nnnm mmmn nmn mnmm nnm mmnm nnmm mmm nnn mmnn nmnm mmm nnnm mmmn nmn mnmm nnm mmnm nnmm mmm nnn mmnn nmnm mmm nnnm mmmn nmn mnmm nnm mmnm nnmm mmm nnn mmnn nmnm mmm nnnm mmmn nmn mnmm nnm mmnm nnmm mmm nnn mmnn nmnm mmm nnnm mmmn nmn mnmm nnm mmnm nnmm mmm nnn mmnn nmnm mmm nnnm mmmn nmn mnmm nnm mmnm nnmm mmm nnn mmnn nmnm mmm nnnm mmmn nmn mnmm nnm mmnm nnmm mmm nnn mmnn nmnm mmm nnnm mmmn nmn mnmm nnm mmnm nnmm mmm nnn mmnn nmnm mmm nnnm mmmn nmn mnmm nnm mmnm nnmm mmm nnn mmnn nmnm mmm nnnm mmmn nmn mnmm nnm mmnm nnmm mmm nnn mmnn nmnm mmm nnnm mmmn nmn mnmm nnm mmnm nnmm mmm nnn mmnn nmnm mmm nnnm mmmn nmn mnmm nnm mmnm nnmm mmm nnn mmnn nmnm mmm nnnm mmmn nmn mnmm nnm mmnm nnmm mmm nnn mmnn nmnm mmm nnnm mmmn nmn mnmm nnm mmnm nnmm mmm nnn mmnn nmnm mmm nnnm
LONIER & HOFFER
mm nnn mmm nnnn mm mmmn nnm mmmm nnnn mmn nmm mmnn nnmm mn mmnm nnnn mmm mnmn nm mmnm nnnn mmmn mm nmnm nnnn mmm nnmn mmnm nnnm mnnn mmm nnnn mmm mnmn nnnm mmmm nnn mmm nnnm mmn nnmm mm mmmn nnmm mmn nmnm mmm nnmm nmnm mmnn mmm nnnn mmm nnmm mmnn mnm mnnm nnm mmm mnmn nnm mmnm nnmm mmm nnn mmnn nmnm mmm nnnm mmmn nmn mnmm nnm mmnm nnmm mmm nnn mmnn mnmm nnm mmmn nmnm mmm nnnn mmm nmnm mmnn mm nmn mmm nnnn mmm nnnm mmn nmnm mmm nnm mmnn nmnm mmm nnnm mmmn nmn mnmm nnm mmnm nnmm mmm nnn mmnn nmnm mmm nnnm mmmn nmn mnmm nnm mmnm nnmm mmm nnn mmnn nmnm mmm nnnm mmmn nmn mnmm nnm mmnm nnmm mmm nnn mmnn nmnm mmm nnnm mmmn nmn mnmm nnm mmnm nnmm mmm nnn mmnn nmnm mmm nnnm mmmn nmn mnmm nnm mmnm nnmm mmm nnn mmnn nmnm mmm nnnm mmmn nmn mnmm nnm mmnm nnmm mmm nnn mmnn nmnm mmm nnnm mmmn nmn mnmm nnm mmnm nnmm mmm nnn mmnn nmnm mmm nnnm mmmn nmn mnmm nnm mmnm nnmm mmm nnn mmnn nmnm mmm nnnm mmmn nmn mnmm nnm mmnm nnmm mmm nnn mmnn nmnm mmm nnnm mmmn nmn mnmm nnm mmnm nnmm mmm nnn mmnn nmnm mmm nnnm mmmn nmn mnmm nnm mmnm nnmm mmm nnn mmnn nmnm mmm nnnm mmmn nmn mnmm nnm mmnm nnmm mmm nnn mmnn nmnm mmm nnnm mmmn nmn mnmm nnm mmnm nnmm mmm nnn mmnn nmnm mmm nnnm mmmn nmn mnmm nnm mmnm nnmm mmm nnn mmnn nmnm mmm nnnm mmmn nmn mnmm nnm mmnm nnmm mmm nnn mmnn nmnm mmm nnnm mmmn nmn mnmm nnm mmnm nnmm mmm nnn mmnn nmnm mmm nnnm mmmn nmn mnmm nnm mmnm nnmm mmm nnn mmnn nmnm mmm nnnm mmmn nmn mnmm nnm mmnm nnmm mmm nnn mmnn nmnm mmm nnnm mmmn nmn mnmm nnm mmnm nnmm mmm nnn mmnn nmnm mmm nnnm mmmn nmn mnmm nnm mmnm nnmm mmm nnn mmnn nmnm mmm nnnm mmmn nmn mnmm nnm mmnm nnmm mmm nnn mmnn nmnm mmm nnnm mmmn nmn mnmm nnm mmnm nnmm mmm nnn mmnn nmnm mmm nnnm
TUBULAR
DRIVE WELLS
mm nnn mmm nnnn mm mmmn nnm mmmm nnnn mmn nmm mmnn nnmm mn mmnm nnnn mmm mnmn nm mmnm nnnn mmmn mm nmnm nnnn mmm nnmn mmnm nnnm mnnn mmm nnnn mmm mnmn nnnm mmmm nnn mmm nnnm mmn nnmm mm mmmn nnmm mmn nmnm mmm nnmm nmnm mmnn mmm nnnn mmm nnmm mmnn mnm mnnm nnm mmm mnmn nnm mmnm nnmm mmm nnn mmnn nmnm mmm nnnm mmmn nmn mnmm nnm mmnm nnmm mmm nnn mmnn mnmm nnm mmmn nmnm mmm nnnn mmm nmnm mmnn mm nmn mmm nnnn mmm nnnm mmn nmnm mmm nnm mmnn nmnm mmm nnnm mmmn nmn mnmm nnm mmnm nnmm mmm nnn mmnn nmnm mmm nnnm mmmn nmn mnmm nnm mmnm nnmm mmm nnn mmnn nmnm mmm nnnm mmmn nmn mnmm nnm mmnm nnmm mmm nnn mmnn nmnm mmm nnnm mmmn nmn mnmm nnm mmnm nnmm mmm nnn mmnn nmnm mmm nnnm mmmn nmn mnmm nnm mmnm nnmm mmm nnn mmnn nmnm mmm nnnm mmmn nmn mnmm nnm mmnm nnmm mmm nnn mmnn nmnm mmm nnnm mmmn nmn mnmm nnm mmnm nnmm mmm nnn mmnn nmnm mmm nnnm mmmn nmn mnmm nnm mmnm nnmm mmm nnn mmnn nmnm mmm nnnm mmmn nmn mnmm nnm mmnm nnmm mmm nnn mmnn nmnm mmm nnnm mmmn nmn mnmm nnm mmnm nnmm mmm nnn mmnn nmnm mmm nnnm mmmn nmn mnmm nnm mmnm nnmm mmm nnn mmnn nmnm mmm nnnm mmmn nmn mnmm nnm mmnm nnmm mmm nnn mmnn nmnm mmm nnnm mmmn nmn mnmm nnm mmnm nnmm mmm nnn mmnn nmnm mmm nnnm mmmn nmn mnmm nnm mmnm nnmm mmm nnn mmnn nmnm mmm nnnm mmmn nmn mnmm nnm mmnm nnmm mmm nnn mmnn nmnm mmm nnnm mmmn nmn mnmm nnm mmnm nnmm mmm nnn mmnn nmnm mmm nnnm mmmn nmn mnmm nnm mmnm nnmm mmm nnn mmnn nmnm mmm nnnm mmmn nmn mnmm nnm mmnm nnmm mmm nnn mmnn nmnm mmm nnnm mmmn nmn mnmm nnm mmnm nnmm mmm nnn mmnn nmnm mmm nnnm mmmn nmn mnmm nnm mmnm nnmm mmm nnn mmnn nmnm mmm nnnm mmmn nmn mnmm nnm mmnm nnmm mmm nnn mmnn nmnm mmm nnnm mmmn nmn mnmm nnm mmnm nnmm mmm nnn mmnn nmnm mmm nnnm
WATER OR NO PAY.
mm nnn mmm nnnn mm mmmn nnm mmmm nnnn mmn nmm mmnn nnmm mn mmnm nnnn mmm mnmn nm mmnm nnnn mmmn mm nmnm nnnn mmm nnmn mmnm nnnm mnnn mmm nnnn mmm mnmn nnnm mmmm nnn mmm nnnm mmn nnmm mm mmmn nnmm mmn nmnm mmm nnmm nmnm mmnn mmm nnnn mmm nnmm mmnn mnm mnnm nnm mmm mnmn nnm mmnm nnmm mmm nnn mmnn nmnm mmm nnnm mmmn nmn mnmm nnm mmnm nnmm mmm nnn mmnn mnmm nnm mmmn nmnm mmm nnnn mmm nmnm mmnn mm nmn mmm nnnn mmm nnnm mmn nmnm mmm nnm mmnn nmnm mmm nnnm mmmn nmn mnmm nnm mmnm nnmm mmm nnn mmnn nmnm mmm nnnm mmmn nmn mnmm nnm mmnm nnmm mmm nnn mmnn nmnm mmm nnnm mmmn nmn mnmm nnm mmnm nnmm mmm nnn mmnn nmnm mmm nnnm mmmn nmn mnmm nnm mmnm nnmm mmm nnn mmnn nmnm mmm nnnm mmmn nmn mnmm nnm mmnm nnmm mmm nnn mmnn nmnm mmm nnnm mmmn nmn mnmm nnm mmnm nnmm mmm nnn mmnn nmnm mmm nnnm mmmn nmn mnmm nnm mmnm nnmm mmm nnn mmnn nmnm mmm nnnm mmmn nmn mnmm nnm mmnm nnmm mmm nnn mmnn nmnm mmm nnnm mmmn nmn mnmm nnm mmnm nnmm mmm nnn mmnn nmnm mmm nnnm mmmn nmn mnmm nnm mmnm nnmm mmm nnn mmnn nmnm mmm nnnm mmmn nmn mnmm nnm mmnm nnmm mmm nnn mmnn nmnm mmm nnnm mmmn nmn mnmm nnm mmnm nnmm mmm nnn mmnn nmnm mmm nnnm mmmn nmn mnmm nnm mmnm nnmm mmm nnn mmnn nmnm mmm nnnm mmmn nmn mnmm nnm mmnm nnmm mmm nnn mmnn nmnm mmm nnnm mmmn nmn mnmm nnm mmnm nnmm mmm nnn mmnn nmnm mmm nnnm mmmn nmn mnmm nnm mmnm nnmm mmm nnn mmnn nmnm mmm nnnm mmmn nmn mnmm nnm mmnm nnmm mmm nnn mmnn nmnm mmm nnnm mmmn nmn mnmm nnm mmnm nnmm mmm nnn mmnn nmnm mmm nnnm mmmn nmn mnmm nnm mmnm nnmm mmm nnn mmnn nmnm mmm nnnm mmmn nmn mnmm nnm mmnm nnmm mmm nnn mmnn nmnm mmm nnnm mmmn nmn mnmm nnm mmnm nnmm mmm nnn mmnn nmnm mmm nnnm mmmn nmn mnmm nnm mmnm nnmm mmm nnn mmnn nmnm mmm nnnm
CHAS. KREITNER.
NEWS BREVITIES
LATEST HAPPENINGS BOTH AT HOME AND ABROAD
mm nnn mmm nnnn mm mmmn nnm mmmm nnnn mmn nmm mmnn nnmm mn mmnm nnnn mmm mnmn nm mmnm nnnn mmmn mm nmnm nnnn mmm nnmn mmnm nnnm mnnn mmm nnnn mmm mnmn nnnm mmmm nnn mmm nnnm mmn nnmm mm mmmn nnmm mmn nmnm mmm nnmm nmnm mmnn mmm nnnn mmm nnmm mmnn mnm mnnm nnm mmm mnmn nnm mmnm nnmm mmm nnn mmnn nmnm mmm nnnm mmmn nmn mnmm nnm mmnm nnmm mmm nnn mmnn mnmm nnm mmmn nmnm mmm nnnn mmm nmnm mmnn mm nmn mmm nnnn mmm nnnm mmn nmnm mmm nnm mmnn nmnm mmm nnnm mmmn nmn mnmm nnm mmnm nnmm mmm nnn mmnn nmnm mmm nnnm mmmn nmn mnmm nnm mmnm nnmm mmm nnn mmnn nmnm mmm nnnm mmmn nmn mnmm nnm mmnm nnmm mmm nnn mmnn nmnm mmm nnnm mmmn nmn mnmm nnm mmnm nnmm mmm nnn mmnn nmnm mmm nnnm mmmn nmn mnmm nnm mmnm nnmm mmm nnn mmnn nmnm mmm nnnm mmmn nmn mnmm nnm mmnm nnmm mmm nnn mmnn nmnm mmm nnnm mmmn nmn mnmm nnm mmnm nnmm mmm nnn mmnn nmnm mmm nnnm mmmn nmn mnmm nnm mmnm nnmm mmm nnn mmnn nmnm mmm nnnm mmmn nmn mnmm nnm mmnm nnmm mmm nnn mmnn nmnm mmm nnnm mmmn nmn mnmm nnm mmnm nnmm mmm nnn mmnn nmnm mmm nnnm mmmn nmn mnmm nnm mmnm nnmm mmm nnn mmnn nmnm mmm nnnm mmmn nmn mnmm nnm mmnm nnmm mmm nnn mmnn nmnm mmm nnnm mmmn nmn mnmm nnm mmnm nnmm mmm nnn mmnn nmnm mmm nnnm mmmn nmn mnmm nnm mmnm nnmm mmm nnn mmnn nmnm mmm nnnm mmmn nmn mnmm nnm mmnm nnmm mmm nnn mmnn nmnm mmm nnnm mmmn nmn mnmm nnm mmnm nnmm mmm nnn mmnn nmnm mmm nnnm mmmn nmn mnmm nnm mmnm nnmm mmm nnn mmnn nmnm mmm nnnm mmmn nmn mnmm nnm mmnm nnmm mmm nnn mmnn nmnm mmm nnnm mmmn nmn mnmm nnm mmnm nnmm mmm nnn mmnn nmnm mmm nnnm mmmn nmn mnmm nnm mmnm nnmm mmm nnn mmnn nmnm mmm nnnm mmmn nmn mnmm nnm mmnm nnmm mmm nnn mmnn nmnm mmm nnnm mmmn nmn mnmm nnm mmnm nnmm mmm nnn mmnn nmnm mmm nnnm
mm nnn mmm nnnn mm mmmn nnm mmmm nnnn mmn nmm mmnn nnmm mn mmnm nnnn mmm mnmn nm mmnm nnnn mmmn mm nmnm nnnn mmm nnmn mmnm nnnm mnnn mmm nnnn mmm mnmn nnnm mmmm nnn mmm nnnm mmn nnmm mm mmmn nnmm mmn nmnm mmm nnmm nmnm mmnn mmm nnnn mmm nnmm mmnn mnm mnnm nnm mmm mnmn nnm mmnm nnmm mmm nnn mmnn nmnm mmm nnnm mmmn nmn mnmm nnm mmnm nnmm mmm nnn mmnn mnmm nnm mmmn nmnm mmm nnnn mmm nmnm mmnn mm nmn mmm nnnn mmm nnnm mmn nmnm mmm nnm mmnn nmnm mmm nnnm mmmn nmn mnmm nnm mmnm nnmm mmm nnn mmnn nmnm mmm nnnm mmmn nmn mnmm nnm mmnm nnmm mmm nnn mmnn nmnm mmm nnnm mmmn nmn mnmm nnm mmnm nnmm mmm nnn mmnn nmnm mmm nnnm mmmn nmn mnmm nnm mmnm nnmm mmm nnn mmnn nmnm mmm nnnm mmmn nmn mnmm nnm mmnm nnmm mmm nnn mmnn nmnm mmm nnnm mmmn nmn mnmm nnm mmnm nnmm mmm nnn mmnn nmnm mmm nnnm mmmn nmn mnmm nnm mmnm nnmm mmm nnn mmnn nmnm mmm nnnm mmmn nmn mnmm nnm mmnm nnmm mmm nnn mmnn nmnm mmm nnnm mmmn nmn mnmm nnm mmnm nnmm mmm nnn mmnn nmnm mmm nnnm mmmn nmn mnmm nnm mmnm nnmm mmm nnn mmnn nmnm mmm nnnm mmmn nmn mnmm nnm mmnm nnmm mmm nnn mmnn nmnm mmm nnnm mmmn nmn mnmm nnm mmnm nnmm mmm nnn mmnn nmnm mmm nnnm mmmn nmn mnmm nnm mmnm nnmm mmm nnn mmnn nmnm mmm nnnm mmmn nmn mnmm nnm mmnm nnmm mmm nnn mmnn nmnm mmm nnnm mmmn nmn mnmm nnm mmnm nnmm mmm nnn mmnn nmnm mmm nnnm mmmn nmn mnmm nnm mmnm nnmm mmm nnn mmnn nmnm mmm nnnm mmmn nmn mnmm nnm mmnm nnmm mmm nnn mmnn nmnm mmm nnnm mmmn nmn mnmm nnm mmnm nnmm mmm nnn mmnn nmnm mmm nnnm mmmn nmn mnmm nnm mmnm nnmm mmm nnn mmnn nmnm mmm nnnm mmmn nmn mnmm nnm mmnm nnmm mmm nnn mmnn nmnm mmm nnnm mmmn nmn mnmm nnm mmnm nnmm mmm nnn mmnn nmnm mmm nnnm mmmn nmn mnmm nnm mmnm nnmm mmm nnn mmnn nmnm mmm nnnm
mm nnn mmm nnnn mm mmmn nnm mmmm nnnn mmn nmm mmnn nnmm mn mmnm nnnn mmm mnmn nm mmnm nnnn mmmn mm nmnm nnnn mmm nnmn mmnm nnnm mnnn mmm nnnn mmm mnmn nnnm mmmm nnn mmm nnnm mmn nnmm mm mmmn nnmm mmn nmnm mmm nnmm nmnm mmnn mmm nnnn mmm nnmm mmnn mnm mnnm nnm mmm mnmn nnm mmnm nnmm mmm nnn mmnn nmnm mmm nnnm mmmn nmn mnmm nnm mmnm nnmm mmm nnn mmnn mnmm nnm mmmn nmnm mmm nnnn mmm nmnm mmnn mm nmn mmm nnnn mmm nnnm mmn nmnm mmm nnm mmnn nmnm mmm nnnm mmmn nmn mnmm nnm mmnm nnmm mmm nnn mmnn nmnm mmm nnnm mmmn nmn mnmm nnm mmnm nnmm mmm nnn mmnn nmnm mmm nnnm mmmn nmn mnmm nnm mmnm nnmm mmm nnn mmnn nmnm mmm nnnm mmmn nmn mnmm nnm mmnm nnmm mmm nnn mmnn nmnm mmm nnnm mmmn nmn mnmm nnm mmnm nnmm mmm nnn mmnn nmnm mmm nnnm mmmn nmn mnmm nnm mmnm nnmm mmm nnn mmnn nmnm mmm nnnm mmmn nmn mnmm nnm mmnm nnmm mmm nnn mmnn nmnm mmm nnnm mmmn nmn mnmm nnm mmnm nnmm mmm nnn mmnn nmnm mmm nnnm mmmn nmn mnmm nnm mmnm nnmm mmm nnn mmnn nmnm mmm nnnm mmmn nmn mnmm nnm mmnm nnmm mmm nnn mmnn nmnm mmm nnnm mmmn nmn mnmm nnm mmnm nnmm mmm nnn mmnn nmnm mmm nnnm mmmn nmn mnmm nnm mmnm nnmm mmm nnn mmnn nmnm mmm nnnm mmmn nmn mnmm nnm mmnm nnmm mmm nnn mmnn nmnm mmm nnnm mmmn nmn mnmm nnm mmnm nnmm mmm nnn mmnn nmnm mmm nnnm mmmn nmn mnmm nnm mmnm nnmm mmm nnn mmnn nmnm mmm nnnm mmmn nmn mnmm nnm mmnm nnmm mmm nnn mmnn nmnm mmm nnnm mmmn nmn mnmm nnm mmnm nnmm mmm nnn mmnn nmnm mmm nnnm mmmn nmn mnmm nnm mmnm nnmm mmm nnn mmnn nmnm mmm nnnm mmmn nmn mnmm nnm mmnm nnmm mmm nnn mmnn nmnm mmm nnnm mmmn nmn mnmm nnm mmnm nnmm mmm nnn mmnn nmnm mmm nnnm mmmn nmn mnmm nnm mmnm nnmm mmm nnn mmnn nmnm mmm nnnm mmmn nmn mnmm nnm mmnm nnmm mmm nnn mmnn nmnm mmm nnnm
mm nnn mmm nnnn mm mmmn nnm mmmm nnnn mmn nmm mmnn nnmm mn mmnm nnnn mmm mnmn nm mmnm nnnn mmmn mm nmnm nnnn mmm nnmn mmnm nnnm mnnn mmm nnnn mmm mnmn nnnm mmmm nnn mmm nnnm mmn nnmm mm mmmn nnmm mmn nmnm mmm nnmm nmnm mmnn mmm nnnn mmm nnmm mmnn mnm mnnm nnm mmm mnmn nnm mmnm nnmm mmm nnn mmnn nmnm mmm nnnm mmmn nmn mnmm nnm mmnm nnmm mmm nnn mmnn mnmm nnm mmmn nmnm mmm nnnn mmm nmnm mmnn mm nmn mmm nnnn mmm nnnm mmn nmnm mmm nnm mmnn nmnm mmm nnnm mmmn nmn mnmm nnm mmnm nnmm mmm nnn mmnn nmnm mmm nnnm mmmn nmn mnmm nnm mmnm nnmm mmm nnn mmnn nmnm mmm nnnm mmmn nmn mnmm nnm mmnm nnmm mmm nnn mmnn nmnm mmm nnnm mmmn nmn mnmm nnm mmnm nnmm mmm nnn mmnn nmnm mmm nnnm mmmn nmn mnmm nnm mmnm nnmm mmm nnn mmnn nmnm mmm nnnm mmmn nmn mnmm nnm mmnm nnmm mmm nnn mmnn nmnm mmm nnnm mmmn nmn mnmm nnm mmnm nnmm mmm nnn mmnn nmnm mmm nnnm mmmn nmn mnmm nnm mmnm nnmm mmm nnn mmnn nmnm mmm nnnm mmmn nmn mnmm nnm mmnm nnmm mmm nnn mmnn nmnm mmm nnnm mmmn nmn mnmm nnm mmnm nnmm mmm nnn mmnn nmnm mmm nnnm mmmn nmn mnmm nnm mmnm nnmm mmm nnn mmnn nmnm mmm nnnm mmmn nmn mnmm nnm mmnm nnmm mmm nnn mmnn nmnm mmm nnnm mmmn nmn mnmm nnm mmnm nnmm mmm nnn mmnn nmnm mmm nnnm mmmn nmn mnmm nnm mmnm nnmm mmm nnn mmnn nmnm mmm nnnm mmmn nmn mnmm nnm mmnm nnmm mmm nnn mmnn nmnm mmm nnnm mmmn nmn mnmm nnm mmnm nnmm mmm nnn mmnn nmnm mmm nnnm mmmn nmn mnmm nnm mmnm nnmm mmm nnn mmnn nmnm mmm nnnm mmmn nmn mnmm nnm mmnm nnmm mmm nnn mmnn nmnm mmm nnnm mmmn nmn mnmm nnm mmnm nnmm mmm nnn mmnn nmnm mmm nnnm mmmn nmn mnmm nnm mmnm nnmm mmm nnn mmnn nmnm mmm nnnm mmmn nmn mnmm nnm mmnm nnmm mmm nnn mmnn nmnm mmm nnnm mmmn nmn mnmm nnm mmnm nnmm mmm nnn mmnn nmnm mmm nnnm
mm nnn mmm nnnn mm mmmn nnm mmmm nnnn mmn nmm mmnn nnmm mn mmnm nnnn mmm mnmn nm mmnm nnnn mmmn mm nmnm nnnn mmm nnmn mmnm nnnm mnnn mmm nnnn mmm mnmn nnnm mmmm nnn mmm nnnm mmn nnmm mm mmmn nnmm mmn nmnm mmm nnmm nmnm mmnn mmm nnnn mmm nnmm mmnn mnm mnnm nnm mmm mnmn nnm mmnm nnmm mmm nnn mmnn nmnm mmm nnnm mmmn nmn mnmm nnm mmnm nnmm mmm nnn mmnn mnmm nnm mmmn nmnm mmm nnnn mmm nmnm mmnn mm nmn mmm nnnn mmm nnnm mmn nmnm mmm nnm mmnn nmnm mmm nnnm mmmn nmn mnmm nnm mmnm nnmm mmm nnn mmnn nmnm mmm nnnm mmmn nmn mnmm nnm mmnm nnmm mmm nnn mmnn nmnm mmm nnnm mmmn nmn mnmm nnm mmnm nnmm mmm nnn mmnn nmnm mmm nnnm mmmn nmn mnmm nnm mmnm nnmm mmm nnn mmnn nmnm mmm nnnm mmmn nmn mnmm nnm mmnm nnmm mmm nnn mmnn nmnm mmm nnnm mmmn nmn mnmm nnm mmnm nnmm mmm nnn mmnn nmnm mmm nnnm mmmn nmn mnmm nnm mmnm nnmm mmm nnn mmnn nmnm mmm nnnm mmmn nmn mnmm nnm mmnm nnmm mmm nnn mmnn nmnm mmm nnnm mmmn nmn mnmm nnm mmnm nnmm mmm nnn mmnn nmnm mmm nnnm mmmn nmn mnmm nnm mmnm nnmm mmm nnn mmnn nmnm mmm nnnm mmmn nmn mnmm nnm mmnm nnmm mmm nnn mmnn nmnm mmm nnnm mmmn nmn mnmm nnm mmnm nnmm mmm nnn mmnn nmnm mmm nnnm mmmn nmn mnmm nnm mmnm nnmm mmm nnn mmnn nmnm mmm nnnm mmmn nmn mnmm nnm mmnm nnmm mmm nnn mmnn nmnm mmm nnnm mmmn nmn mnmm nnm mmnm nnmm mmm nnn mmnn nmnm mmm nnnm mmmn nmn mnmm nnm mmnm nnmm mmm nnn mmnn nmnm mmm nnnm mmmn nmn mnmm nnm mmnm nnmm mmm nnn mmnn nmnm mmm nnnm mmmn nmn mnmm nnm mmnm nnmm mmm nnn mmnn nmnm mmm nnnm mmmn nmn mnmm nnm mmnm nnmm mmm nnn mmnn nmnm mmm nnnm mmmn nmn mnmm nnm mmnm nnmm mmm nnn mmnn nmnm mmm nnnm mmmn nmn mnmm nnm mmnm nnmm mmm nnn mmnn nmnm mmm nnnm mmmn nmn mnmm nnm mmnm nnmm mmm nnn mmnn nmnm mmm nnnm
Notice
to the Ladies of Manchester and Vicinity.
mm nnn mmm nnnn mm mmmn nnm mmmm nnnn mmn nmm mmnn nnmm mn mmnm nnnn mmm mnmn nm mmnm nnnn mmmn mm nmnm nnnn mmm nnmn mmnm nnnm mnnn mmm nnnn mmm mnmn nnnm mmmm nnn mmm nnnm mmn nnmm mm mmmn nnmm mmn nmnm mmm nnmm nmnm mmnn mmm nnnn mmm nnmm mmnn mnm mnnm nnm mmm mnmn nnm mmnm nnmm mmm nnn mmnn nmnm mmm nnnm mmmn nmn mnmm nnm mmnm nnmm mmm nnn mmnn mnmm nnm mmmn nmnm mmm nnnn mmm nmnm mmnn mm nmn mmm nnnn mmm nnnm mmn nmnm mmm nnm mmnn nmnm mmm nnnm mmmn nmn mnmm nnm mmnm nnmm mmm nnn mmnn nmnm mmm nnnm mmmn nmn mnmm nnm mmnm nnmm mmm nnn mmnn nmnm mmm nnnm mmmn nmn mnmm nnm mmnm nnmm mmm nnn mmnn nmnm mmm nnnm mmmn nmn mnmm nnm mmnm nnmm mmm nnn mmnn nmnm mmm nnnm mmmn nmn mnmm nnm mmnm nnmm mmm nnn mmnn nmnm mmm nnnm mmmn nmn mnmm nnm mmnm nnmm mmm nnn mmnn nmnm mmm nnnm mmmn nmn mnmm nnm mmnm nnmm mmm nnn mmnn nmnm mmm nnnm mmmn nmn mnmm nnm mmnm nnmm mmm nnn mmnn nmnm mmm nnnm mmmn nmn mnmm nnm mmnm nnmm mmm nnn mmnn nmnm mmm nnnm mmmn nmn mnmm nnm mmnm nnmm mmm nnn mmnn nmnm mmm nnnm mmmn nmn mnmm nnm mmnm nnmm mmm nnn mmnn nmnm mmm nnnm mmmn nmn mnmm nnm mmnm nnmm mmm nnn mmnn nmnm mmm nnnm mmmn nmn mnmm nnm mmnm nnmm mmm nnn mmnn nmnm mmm nnnm mmmn nmn mnmm nnm mmnm nnmm mmm nnn mmnn nmnm mmm nnnm mmmn nmn mnmm nnm mmnm nnmm mmm nnn mmnn nmnm mmm nnnm mmmn nmn mnmm nnm mmnm nnmm mmm nnn mmnn nmnm mmm nnnm mmmn nmn mnmm nnm mmnm nnmm mmm nnn mmnn nmnm mmm nnnm mmmn nmn mnmm nnm mmnm nnmm mmm nnn mmnn nmnm mmm nnnm mmmn nmn mnmm nnm mmnm nnmm mmm nnn mmnn nmnm mmm nnnm mmmn nmn mnmm nnm mmnm nnmm mmm nnn mmnn nmnm mmm nnnm mmmn nmn mnmm nnm mmnm nnmm mmm nnn mmnn nmnm mmm nnnm mmmn nmn mnmm nnm mmnm nnmm mmm nnn mmnn nmnm mmm nnnm
Tuesday, Friday, Saturday
OCT. 10, 11, 12
mm nnn mmm nnnn mm mmmn nnm mmmm nnnn mmn nmm mmnn nnmm mn mmnm nnnn mmm mnmn nm mmnm nnnn mmmn mm nmnm nnnn mmm nnmn mmnm nnnm mnnn mmm nnnn mmm mnmn nnnm mmmm nnn mmm nnnm mmn nnmm mm mmmn nnmm mmn nmnm mmm nnmm nmnm mmnn mmm nnnn mmm nnmm mmnn mnm mnnm nnm mmm mnmn nnm mmnm nnmm mmm nnn mmnn nmnm mmm nnnm mmmn nmn mnmm nnm mmnm nnmm mmm nnn mmnn mnmm nnm mmmn nmnm mmm nnnn mmm nmnm mmnn mm nmn mmm nnnn mmm nnnm mmn nmnm mmm nnm mmnn nmnm mmm nnnm mmmn nmn mnmm nnm mmnm nnmm mmm nnn mmnn nmnm mmm nnnm mmmn nmn mnmm nnm mmnm nnmm mmm nnn mmnn nmnm mmm nnnm mmmn nmn mnmm nnm mmnm nnmm mmm nnn mmnn nmnm mmm nnnm mmmn nmn mnmm nnm mmnm nnmm mmm nnn mmnn nmnm mmm nnnm mmmn nmn mnmm nnm mmnm nnmm mmm nnn mmnn nmnm mmm nnnm mmmn nmn mnmm nnm mmnm nnmm mmm nnn mmnn nmnm mmm nnnm mmmn nmn mnmm nnm mmnm nnmm mmm nnn mmnn nmnm mmm nnnm mmmn nmn mnmm nnm mmnm nnmm mmm nnn mmnn nmnm mmm nnnm mmmn nmn mnmm nnm mmnm nnmm mmm nnn mmnn nmnm mmm nnnm mmmn nmn mnmm nnm mmnm nnmm mmm nnn mmnn nmnm mmm nnnm mmmn nmn mnmm nnm mmnm nnmm mmm nnn mmnn nmnm mmm nnnm mmmn nmn mnmm nnm mmnm nnmm mmm nnn mmnn nmnm mmm nnnm mmmn nmn mnmm nnm mmnm nnmm mmm nnn mmnn nmnm mmm nnnm mmmn nmn mnmm nnm mmnm nnmm mmm nnn mmnn nmnm mmm nnnm mmmn nmn mnmm nnm mmnm nnmm mmm nnn mmnn nmnm mmm nnnm mmmn nmn mnmm nnm mmnm nnmm mmm nnn mmnn nmnm mmm nnnm mmmn nmn mnmm nnm mmnm nnmm mmm nnn mmnn nmnm mmm nnnm mmmn nmn mnmm nnm mmnm nnmm mmm nnn mmnn nmnm mmm nnnm mmmn nmn mnmm nnm mmnm nnmm mmm nnn mmnn nmnm mmm nnnm mmmn nmn mnmm nnm mmnm nnmm mmm nnn mmnn nmnm mmm nnnm mmmn nmn mnmm nnm mmnm nnmm mmm nnn mmnn nmnm mmm nnnm mmmn nmn mnmm nnm mmnm nnmm mmm nnn mmnn nmnm mmm nnnm
MILLINERY GOODS
mm nnn mmm nnnn mm mmmn nnm mmmm nnnn mmn nmm mmnn nnmm mn mmnm nnnn mmm mnmn nm mmnm nnnn mmmn mm nmnm nnnn mmm nnmn mmnm nnnm mnnn mmm nnnn mmm mnmn nnnm mmmm nnn mmm nnnm mmn nnmm mm mmmn nnmm mmn nmnm mmm nnmm nmnm mmnn mmm nnnn mmm nnmm mmnn mnm mnnm nnm mmm mnmn nnm mmnm nnmm mmm nnn mmnn nmnm mmm nnnm mmmn nmn mnmm nnm mmnm nnmm mmm nnn mmnn mnmm nnm mmmn nmnm mmm nnnn mmm nmnm mmnn mm nmn mmm nnnn mmm nnnm mmn nmnm mmm nnm mmnn nmnm mmm nnnm mmmn nmn mnmm nnm mmnm nnmm mmm nnn mmnn nmnm mmm nnnm mmmn nmn mnmm nnm mmnm nnmm mmm nnn mmnn nmnm mmm nnnm mmmn nmn mnmm nnm mmnm nnmm mmm nnn mmnn nmnm mmm nnnm mmmn nmn mnmm nnm mmnm nnmm mmm nnn mmnn nmnm mmm nnnm mmmn nmn mnmm nnm mmnm nnmm mmm nnn mmnn nmnm mmm nnnm mmmn nmn mnmm nnm mmnm nnmm mmm nnn mmnn nmnm mmm nnnm mmmn nmn mnmm nnm mmnm nnmm mmm nnn mmnn nmnm mmm nnnm mmmn nmn mnmm nnm mmnm nnmm mmm nnn mmnn nmnm mmm nnnm mmmn nmn mnmm nnm mmnm nnmm mmm nnn mmnn nmnm mmm nnnm mmmn nmn mnmm nnm mmnm nnmm mmm nnn mmnn nmnm mmm nnnm mmmn nmn mnmm nnm mmnm nnmm mmm nnn mmnn nmnm mmm nnnm mmmn nmn mnmm nnm mmnm nnmm mmm nnn mmnn nmnm mmm nnnm mmmn nmn mnmm nnm mmnm nnmm mmm nnn mmnn nmnm mmm nnnm mmmn nmn mnmm nnm mmnm nnmm mmm nnn mmnn nmnm mmm nnnm mmmn nmn mnmm nnm mmnm nnmm mmm nnn mmnn nmnm mmm nnnm mmmn nmn mnmm nnm mmnm nnmm mmm nnn mmnn nmnm mmm nnnm mmmn nmn mnmm nnm mmnm nnmm mmm nnn mmnn nmnm mmm nnnm mmmn nmn mnmm nnm mmnm nnmm mmm nnn mmnn nmnm mmm nnnm mmmn nmn mnmm nnm mmnm nnmm mmm nnn mmnn nmnm mmm nnnm mmmn nmn mnmm nnm mmnm nnmm mmm nnn mmnn nmnm mmm nnnm mmmn nmn mnmm nnm mmnm nnmm mmm nnn mmnn nmnm mmm nnnm mmmn nmn mnmm nnm mmnm nnmm mmm nnn mmnn nmnm mmm nnnm
Miss Mary Swift
PEOPLE'S BANK
mm nnn mmm nnnn mm mmmn nnm mmmm nnnn mmn nmm mmnn nnmm mn mmnm nnnn mmm mnmn nm mmnm nnnn mmmn mm nmnm nnnn mmm nnmn mmnm nnnm mnnn mmm nnnn mmm mnmn nnnm mmmm nnn mmm nnnm mmn nnmm mm mmmn nnmm mmn nmnm mmm nnmm nmnm mmnn mmm nnnn mmm nnmm mmnn mnm mnnm nnm mmm mnmn nnm mmnm nnmm mmm nnn mmnn nmnm mmm nnnm mmmn nmn mnmm nnm mmnm nnmm mmm nnn mmnn mnmm nnm mmmn nmnm mmm nnnn mmm nmnm mmnn mm nmn mmm nnnn mmm nnnm mmn nmnm mmm nnm mmnn nmnm mmm nnnm mmmn nmn mnmm nnm mmnm nnmm mmm nnn mmnn nmnm mmm nnnm mmmn nmn mnmm nnm mmnm nnmm mmm nnn mmnn nmnm mmm nnnm mmmn nmn mnmm nnm mmnm nnmm mmm nnn mmnn nmnm mmm nnnm mmmn nmn mnmm nnm mmnm nnmm mmm nnn mmnn nmnm mmm nnnm mmmn nmn mnmm nnm mmnm nnmm mmm nnn mmnn nmnm mmm nnnm mmmn nmn mnmm nnm mmnm nnmm mmm nnn mmnn nmnm mmm nnnm mmmn nmn mnmm nnm mmnm nnmm mmm nnn mmnn nmnm mmm nnnm mmmn nmn mnmm nnm mmnm nnmm mmm nnn mmnn nmnm mmm nnnm mmmn nmn mnmm nnm mmnm nnmm mmm nnn mmnn nmnm mmm nnnm mmmn nmn mnmm nnm mmnm nnmm mmm nnn mmnn nmnm mmm nnnm mmmn nmn mnmm nnm mmnm nnmm mmm nnn mmnn nmnm mmm nnnm mmmn nmn mnmm nnm mmnm nnmm mmm nnn mmnn nmnm mmm nnnm mmmn nmn mnmm nnm mmnm nnmm mmm nnn mmnn nmnm mmm nnnm mmmn nmn mnmm nnm mmnm nnmm mmm nnn mmnn nmnm mmm nnnm mmmn nmn mnmm nnm mmnm nnmm mmm nnn mmnn nmnm mmm nnnm mmmn nmn mnmm nnm mmnm nnmm mmm nnn mmnn nmnm mmm nnnm mmmn nmn mnmm nnm mmnm nnmm mmm nnn mmnn nmnm mmm nnnm mmmn nmn mnmm nnm mmnm nnmm mmm nnn mmnn nmnm mmm nnnm mmmn nmn mnmm nnm mmnm nnmm mmm nnn mmnn nmnm mmm nnnm mmmn nmn mnmm nnm mmnm nnmm mmm nnn mmnn nmnm mmm nnnm mmmn nmn mnmm nnm mmnm nnmm mmm nnn mmnn nmnm mmm nnnm mmmn nmn mnmm nnm mmnm nnmm mmm nnn mmnn nmnm mmm nnnm
Try
Elight Oil
mm nnn mmm nnnn mm mmmn nnm mmmm nnnn mmn nmm mmnn nnmm mn mmnm nnnn mmm mnmn nm mmnm nnnn mmmn mm nmnm nnnn mmm nnmn mmnm nnnm mnnn mmm nnnn mmm mnmn nnnm mmmm nnn mmm nnnm mmn nnmm mm mmmn nnmm mmn nmnm mmm nnmm nmnm mmnn mmm nnnn mmm nnmm mmnn mnm mnnm nnm mmm mnmn nnm mmnm nnmm mmm nnn mmnn nmnm mmm nnnm mmmn nmn mnmm nnm mmnm nnmm mmm nnn mmnn mnmm nnm mmmn nmnm mmm nnnn mmm nmnm mmnn mm nmn mmm nnnn mmm nnnm mmn nmnm mmm nnm mmnn nmnm mmm nnnm mmmn nmn mnmm nnm mmnm nnmm mmm nnn mmnn nmnm mmm nnnm mmmn nmn mnmm nnm mmnm nnmm mmm nnn mmnn nmnm mmm nnnm mmmn nmn mnmm nnm mmnm nnmm mmm nnn mmnn nmnm mmm nnnm mmmn nmn mnmm nnm mmnm nnmm mmm nnn mmnn nmnm mmm nnnm mmmn nmn mnmm nnm mmnm nnmm mmm nnn mmnn nmnm mmm nnnm mmmn nmn mnmm nnm mmnm nnmm mmm nnn mmnn nmnm mmm nnnm mmmn nmn mnmm nnm mmnm nnmm mmm nnn mmnn nmnm mmm nnnm mmmn nmn mnmm nnm mmnm nnmm mmm nnn mmnn nmnm mmm nnnm mmmn nmn mnmm nnm mmnm nnmm mmm nnn mmnn nmnm mmm nnnm mmmn nmn mnmm nnm mmnm nnmm mmm nnn mmnn nmnm mmm nnnm mmmn nmn mnmm nnm mmnm nnmm mmm nnn mmnn nmnm mmm nnnm mmmn nmn mnmm nnm mmnm nnmm mmm nnn mmnn nmnm mmm nnnm mmmn nmn mnmm nnm mmnm nnmm mmm nnn mmnn nmnm mmm nnnm mmmn nmn mnmm nnm mmnm nnmm mmm nnn mmnn nmnm mmm nnnm mmmn nmn mnmm nnm mmnm nnmm mmm nnn mmnn nmnm mmm nnnm mmmn nmn mnmm nnm mmnm nnmm mmm nnn mmnn nmnm mmm nnnm mmmn nmn mnmm nnm mmnm nnmm mmm nnn mmnn nmnm mmm nnnm mmmn nmn mnmm nnm mmnm nnmm mmm nnn mmnn nmnm mmm nnnm mmmn nmn mnmm nnm mmnm nnmm mmm nnn mmnn nmnm mmm nnnm mmmn nmn mnmm nnm mmnm nnmm mmm nnn mmnn nmnm mmm nnnm mmmn nmn mnmm nnm mmnm nnmm mmm nnn mmnn nmnm mmm nnnm mmmn nmn mnmm nnm mmnm nnmm mmm nnn mmnn nmnm mmm nnnm
mm nnn mmm nnnn mm mmmn nnm mmmm nnnn mmn nmm mmnn nnmm mn mmnm nnnn mmm mnmn nm mmnm nnnn mmmn mm nmnm nnnn mmm nnmn mmnm nnnm mnnn mmm nnnn mmm mnmn nnnm mmmm nnn mmm nnnm mmn nnmm mm mmmn nnmm mmn nmnm mmm nnmm nmnm mmnn mmm nnnn mmm nnmm mmnn mnm mnnm nnm mmm mnmn nnm mmnm nnmm mmm nnn mmnn nmnm mmm nnnm mmmn nmn mnmm nnm mmnm nnmm mmm nnn mmnn mnmm nnm mmmn nmnm mmm nnnn mmm nmnm mmnn mm nmn mmm nnnn mmm nnnm mmn nmnm mmm nnm mmnn nmnm mmm nnnm mmmn nmn mnmm nnm mmnm nnmm mmm nnn mmnn nmnm mmm nnnm mmmn nmn mnmm nnm mmnm nnmm mmm nnn mmnn nmnm mmm nnnm mmmn nmn mnmm nnm mmnm nnmm mmm nnn mmnn nmnm mmm nnnm mmmn nmn mnmm nnm mmnm nnmm mmm nnn mmnn nmnm mmm nnnm mmmn nmn mnmm nnm mmnm nnmm mmm nnn mmnn nmnm mmm nnnm mmmn nmn mnmm nnm mmnm nnmm mmm nnn mmnn nmnm mmm nnnm mmmn nmn mnmm nnm mmnm nnmm mmm nnn mmnn nmnm mmm nnnm mmmn nmn mnmm nnm mmnm nnmm mmm nnn mmnn nmnm mmm nnnm mmmn nmn mnmm nnm mmnm nnmm mmm nnn mmnn nmnm mmm nnnm mmmn nmn mnmm nnm mmnm nnmm mmm nnn mmnn nmnm mmm nnnm mmmn nmn mnmm nnm mmnm nnmm mmm nnn mmnn nmnm mmm nnnm mmmn nmn mnmm nnm mmnm nnmm mmm nnn mmnn nmnm mmm nnnm mmmn nmn mnmm nnm mmnm nnmm mmm nnn mmnn nmnm mmm nnnm mmmn nmn mnmm nnm mmnm nnmm mmm nnn mmnn nmnm mmm nnnm mmmn nmn mnmm nnm mmnm nnmm mmm nnn mmnn nmnm mmm nnnm mmmn nmn mnmm nnm mmnm nnmm mmm nnn mmnn nmnm mmm nnnm mmmn nmn mnmm nnm mmnm nnmm mmm nnn mmnn nmnm mmm nnnm mmmn nmn mnmm nnm mmnm nnmm mmm nnn mmnn nmnm mmm nnnm mmmn nmn mnmm nnm mmnm nnmm mmm nnn mmnn nmnm mmm nnnm mmmn nmn mnmm nnm mmnm nnmm mmm nnn mmnn nmnm mmm nnnm mmmn nmn mnmm nnm mmnm nnmm mmm nnn mmnn nmnm mmm nnnm mmmn nmn mnmm nnm mmnm nnmm mmm nnn mmnn nmnm mmm nnnm
THOSE FADED GARMENTS
mm nnn mmm nnnn mm mmmn nnm mmmm nnnn mmn nmm mmnn nnmm mn mmnm nnnn mmm mnmn nm mmnm nnnn mmmn mm nmnm nnnn mmm nnmn mmnm nnnm mnnn mmm nnnn mmm mnmn nnnm mmmm nnn mmm nnnm mmn nnmm mm mmmn nnmm mmn nmnm mmm nnmm nmnm mmnn mmm nnnn mmm nnmm mmnn mnm mnnm nnm mmm mnmn nnm mmnm nnmm mmm nnn mmnn nmnm mmm nnnm mmmn nmn mnmm nnm mmnm nnmm mmm nnn mmnn mnmm nnm mmmn nmnm mmm nnnn mmm nmnm mmnn mm nmn mmm nnnn mmm nnnm mmn nmnm mmm nnm mmnn nmnm mmm nnnm mmmn nmn mnmm nnm mmnm nnmm mmm nnn mmnn nmnm mmm nnnm mmmn nmn mnmm nnm mmnm nnmm mmm nnn mmnn nmnm mmm nnnm mmmn nmn mnmm nnm mmnm nnmm mmm nnn mmnn nmnm mmm nnnm mmmn nmn mnmm nnm mmnm nnmm mmm nnn mmnn nmnm mmm nnnm mmmn nmn mnmm nnm mmnm nnmm mmm nnn mmnn nmnm mmm nnnm mmmn nmn mnmm nnm mmnm nnmm mmm nnn mmnn nmnm mmm nnnm mmmn nmn mnmm nnm mmnm nnmm mmm nnn mmnn nmnm mmm nnnm mmmn nmn mnmm nnm mmnm nnmm mmm nnn mmnn nmnm mmm nnnm mmmn nmn mnmm nnm mmnm nnmm mmm nnn mmnn nmnm mmm nnnm mmmn nmn mnmm nnm mmnm nnmm mmm nnn mmnn nmnm mmm nnnm mmmn nmn mnmm nnm mmnm nnmm mmm nnn mmnn nmnm mmm nnnm mmmn nmn mnmm nnm mmnm nnmm mmm nnn mmnn nmnm mmm nnnm mmmn nmn mnmm nnm mmnm nnmm mmm nnn mmnn nmnm mmm nnnm mmmn nmn mnmm nnm mmnm nnmm mmm nnn mmnn nmnm mmm nnnm mmmn nmn mnmm nnm mmnm nnmm mmm nnn mmnn nmnm mmm nnnm mmmn nmn mnmm nnm mmnm nnmm mmm nnn mmnn nmnm mmm nnnm mmmn nmn mnmm nnm mmnm nnmm mmm nnn mmnn nmnm mmm nnnm mmmn nmn mnmm nnm mmnm nnmm mmm nnn mmnn nmnm mmm nnnm mmmn nmn mnmm nnm mmnm nnmm mmm nnn mmnn nmnm mmm nnnm mmmn nmn mnmm nnm mmnm nnmm mmm nnn mmnn nmnm mmm nnnm mmmn nmn mnmm nnm mmnm nnmm mmm nnn mmnn nmnm mmm nnnm mmmn nmn mnmm nnm mmnm nnmm mmm nnn mmnn nmnm mmm nnnm
W. H. Lehr,
GROCERIES
mm nnn mmm nnnn mm mmmn nnm mmmm nnnn mmn nmm mmnn nnmm mn mmnm nnnn mmm mnmn nm mmnm nnnn mmmn mm nmnm nnnn mmm nnmn mmnm nnnm mnnn mmm nnnn mmm mnmn nnnm mmmm nnn mmm nnnm mmn nnmm mm mmmn nnmm mmn nmnm mmm nnmm nmnm mmnn mmm nnnn mmm nnmm mmnn mnm mnnm nnm mmm mnmn nnm mmnm nnmm mmm nnn mmnn nmnm mmm nnnm mmmn nmn mnmm nnm mmnm nnmm mmm nnn mmnn mnmm nnm mmmn nmnm mmm nnnn mmm nmnm mmnn mm nmn mmm nnnn mmm nnnm mmn nmnm mmm nnm mmnn nmnm mmm nnnm mmmn nmn mnmm nnm mmnm nnmm mmm nnn mmnn nmnm mmm nnnm mmmn nmn mnmm nnm mmnm nnmm mmm nnn mmnn nmnm mmm nnnm mmmn nmn mnmm nnm mmnm nnmm mmm nnn mmnn nmnm mmm nnnm mmmn nmn mnmm nnm mmnm nnmm mmm nnn mmnn nmnm mmm nnnm mmmn nmn mnmm nnm mmnm nnmm mmm nnn mmnn nmnm mmm nnnm mmmn nmn mnmm nnm mmnm nnmm mmm nnn mmnn nmnm mmm nnnm mmmn nmn mnmm nnm mmnm nnmm mmm nnn mmnn nmnm mmm nnnm mmmn nmn mnmm nnm mmnm nnmm mmm nnn mmnn nmnm mmm nnnm mmmn nmn mnmm nnm mmnm nnmm mmm nnn mmnn nmnm mmm nnnm mmmn nmn mnmm nnm mmnm nnmm mmm nnn mmnn nmnm mmm nnnm mmmn nmn mnmm nnm mmnm nnmm mmm nnn mmnn nmnm mmm nnnm mmmn nmn mnmm nnm mmnm nnmm mmm nnn mmnn nmnm mmm nnnm mmmn nmn mnmm nnm mmnm nnmm mmm nnn mmnn nmnm mmm nnnm mmmn nmn mnmm nnm mmnm nnmm mmm nnn mmnn nmnm mmm nnnm mmmn nmn mnmm nnm mmnm nnmm mmm nnn mmnn nmnm mmm nnnm mmmn nmn mnmm nnm mmnm nnmm mmm nnn mmnn nmnm mmm nnnm mmmn nmn mnmm nnm mmnm nnmm mmm nnn mmnn nmnm mmm nnnm mmmn nmn mnmm nnm mmnm nnmm mmm nnn mmnn nmnm mmm nnnm mmmn nmn mnmm nnm mmnm nnmm mmm nnn mmnn nmnm mmm nnnm mmmn nmn mnmm nnm mmnm nnmm mmm nnn mmnn nmnm mmm nnnm mmmn nmn mnmm nnm mmnm nnmm mmm nnn mmnn nmnm mmm nnnm mmmn nmn mnmm nnm mmnm nnmm mmm nnn mmnn nmnm mmm nnnm
PFERS LAGER BEER
mm nnn mmm nnnn mm mmmn nnm mmmm nnnn mmn nmm mmnn nnmm mn mmnm nnnn mmm mnmn nm mmnm nnnn mmmn mm nmnm nnnn mmm nnmn mmnm nnnm mnnn mmm nnnn mmm mnmn nnnm mmmm nnn mmm nnnm mmn nnmm mm mmmn nnmm mmn nmnm mmm nnmm nmnm mmnn mmm nnnn mmm nnmm mmnn mnm mnnm nnm mmm mnmn nnm mmnm nnmm mmm nnn mmnn nmnm mmm nnnm mmmn nmn mnmm nnm mmnm nnmm mmm nnn mmnn mnmm nnm mmmn nmnm mmm nnnn mmm nmnm mmnn mm nmn mmm nnnn mmm nnnm mmn nmnm mmm nnm mmnn nmnm mmm nnnm mmmn nmn mnmm nnm mmnm nnmm mmm nnn mmnn nmnm mmm nnnm mmmn nmn mnmm nnm mmnm nnmm mmm nnn mmnn nmnm mmm nnnm mmmn nmn mnmm nnm mmnm nnmm mmm nnn mmnn nmnm mmm nnnm mmmn nmn mnmm nnm mmnm nnmm mmm nnn mmnn nmnm mmm nnnm mmmn nmn mnmm nnm mmnm nnmm mmm nnn mmnn nmnm mmm nnnm mmmn nmn mnmm nnm mmnm nnmm mmm nnn mmnn nmnm mmm nnnm mmmn nmn mnmm nnm mmnm nnmm mmm nnn mmnn nmnm mmm nnnm mmmn nmn mnmm nnm mmnm nnmm mmm nnn mmnn nmnm mmm nnnm mmmn nmn mnmm nnm mmnm nnmm mmm nnn mmnn nmnm mmm nnnm mmmn nmn mnmm nnm mmnm nnmm mmm nnn mmnn nmnm mmm nnnm mmmn nmn mnmm nnm mmnm nnmm mmm nnn mmnn nmnm mmm nnnm mmmn nmn mnmm nnm mmnm nnmm mmm nnn mmnn nmnm mmm nnnm mmmn nmn mnmm nnm mmnm nnmm mmm nnn mmnn nmnm mmm nnnm mmmn nmn mnmm nnm mmnm nnmm mmm nnn mmnn nmnm mmm nnnm mmmn nmn mnmm nnm mmnm nnmm mmm nnn mmnn nmnm mmm nnnm mmmn nmn mnmm nnm mmnm nnmm mmm nnn mmnn nmnm mmm nnnm mmmn nmn mnmm nnm mmnm nnmm mmm nnn mmnn nmnm mmm nnnm mmmn nmn mnmm nnm mmnm nnmm mmm nnn mmnn nmnm mmm nnnm mmmn nmn mnmm nnm mmnm nnmm mmm nnn mmnn nmnm mmm nnnm mmmn nmn mnmm nnm mmnm nnmm mmm nnn mmnn nmnm mmm nnnm mmmn nmn mnmm nnm mmnm nnmm mmm nnn mmnn nmnm mmm nnnm mmmn nmn mnmm nnm mmnm nnmm mmm nnn mmnn nmnm mmm nnnm
TWIN DIAMOND BANK
mm nnn mmm nnnn mm mmmn nnm mmmm nnnn mmn nmm mmnn nnmm mn mmnm nnnn mmm mnmn nm mmnm nnnn mmmn mm nmnm nnnn mmm nnmn mmnm nnnm mnnn mmm nnnn mmm mnmn nnnm mmmm nnn mmm nnnm mmn nnmm mm mmmn nnmm mmn nmnm mmm nnmm nmnm mmnn mmm nnnn mmm nnmm mmnn mnm mnnm nnm mmm mnmn nnm mmnm nnmm mmm nnn mmnn nmnm mmm nnnm mmmn nmn mnmm nnm mmnm nnmm mmm nnn mmnn mnmm nnm mmmn nmnm mmm nnnn mmm nmnm mmnn mm nmn mmm nnnn mmm nnnm mmn nmnm mmm nnm mmnn nmnm mmm nnnm mmmn nmn mnmm nnm mmnm nnmm mmm nnn mmnn nmnm mmm nnnm mmmn nmn mnmm nnm mmnm nnmm mmm nnn mmnn nmnm mmm nnnm mmmn nmn mnmm nnm mmnm nnmm mmm nnn mmnn nmnm mmm nnnm mmmn nmn mnmm nnm mmnm nnmm mmm nnn mmnn nmnm mmm nnnm mmmn nmn mnmm nnm mmnm nnmm mmm nnn mmnn nmnm mmm nnnm mmmn nmn mnmm nnm mmnm nnmm mmm nnn mmnn nmnm mmm nnnm mmmn nmn mnmm nnm mmnm nnmm mmm nnn mmnn nmnm mmm nnnm mmmn nmn mnmm nnm mmnm nnmm mmm nnn mmnn nmnm mmm nnnm mmmn nmn mnmm nnm mmnm nnmm mmm nnn mmnn nmnm mmm nnnm mmmn nmn mnmm nnm mmnm nnmm mmm nnn mmnn nmnm mmm nnnm mmmn nmn mnmm nnm mmnm nnmm mmm nnn mmnn nmnm mmm nnnm mmmn nmn mnmm nnm mmnm nnmm mmm nnn mmnn nmnm mmm nnnm mmmn nmn mnmm nnm mmnm nnmm mmm nnn mmnn nmnm mmm nnnm mmmn nmn mnmm nnm mmnm nnmm mmm nnn mmnn nmnm mmm nnnm mmmn nmn mnmm nnm mmnm nnmm mmm nnn mmnn nmnm mmm nnnm mmmn nmn mnmm nnm mmnm nnmm mmm nnn mmnn nmnm mmm nnnm mmmn nmn mnmm nnm mmnm nnmm mmm nnn mmnn nmnm mmm nnnm mmmn nmn mnmm nnm mmnm nnmm mmm nnn mmnn nmnm mmm nnnm mmmn nmn mnmm nnm mmnm nnmm mmm nnn mmnn nmnm mmm nnnm mmmn nmn mnmm nnm mmnm nnmm mmm nnn mmnn nmnm mmm nnnm mmmn nmn mnmm nnm mmnm nnmm mmm nnn mmnn nmnm mmm nnnm mmmn nmn mnmm nnm mmnm nnmm mmm nnn mmnn nmnm mmm nnnm
Fresh Fish.
Mackerel, 10c lb.
mm nnn mmm nnnn mm mmmn nnm mmmm nnnn mmn nmm mmnn nnmm mn mmnm nnnn mmm mnmn nm mmnm nnnn mmmn mm nmnm nnnn mmm nnmn mmnm nnnm mnnn mmm nnnn mmm mnmn nnnm mmmm nnn mmm nnnm mmn nnmm mm mmmn nnmm mmn nmnm mmm nnmm nmnm mmnn mmm nnnn mmm nnmm mmnn mnm mnnm nnm mmm mnmn nnm mmnm nnmm mmm nnn mmnn nmnm mmm nnnm mmmn nmn mnmm nnm mmnm nnmm mmm nnn mmnn mnmm nnm mmmn nmnm mmm nnnn mmm nmnm mmnn mm nmn mmm nnnn mmm nnnm mmn nmnm mmm nnm mmnn nmnm mmm nnnm mmmn nmn mnmm nnm mmnm nnmm mmm nnn mmnn nmnm mmm nnnm mmmn nmn mnmm nnm mmnm nnmm mmm nnn mmnn nmnm mmm nnnm mmmn nmn mnmm nnm mmnm nnmm mmm nnn mmnn nmnm mmm nnnm mmmn nmn mnmm nnm mmnm nnmm mmm nnn mmnn nmnm mmm nnnm mmmn nmn mnmm nnm mmnm nnmm mmm nnn mmnn nmnm mmm nnnm mmmn nmn mnmm nnm mmnm nnmm mmm nnn mmnn nmnm mmm nnnm mmmn nmn mnmm nnm mmnm nnmm mmm nnn mmnn nmnm mmm nnnm mmmn nmn mnmm nnm mmnm nnmm mmm nnn mmnn nmnm mmm nnnm mmmn nmn mnmm nnm mmnm nnmm mmm nnn mmnn nmnm mmm nnnm mmmn nmn mnmm nnm mmnm nnmm mmm nnn mmnn nmnm mmm nnnm mmmn nmn mnmm nnm mmnm nnmm mmm nnn mmnn nmnm mmm nnnm mmmn nmn mnmm nnm mmnm nnmm mmm nnn mmnn nmnm mmm nnnm mmmn nmn mnmm nnm mmnm nnmm mmm nnn mmnn nmnm mmm nnnm mmmn nmn mnmm nnm mmnm nnmm mmm nnn mmnn nmnm mmm nnnm mmmn nmn mnmm nnm mmnm nnmm mmm nnn mmnn nmnm mmm nnnm mmmn nmn mnmm nnm mmnm nnmm mmm nnn mmnn nmnm mmm nnnm mmmn nmn mnmm nnm mmnm nnmm mmm nnn mmnn nmnm mmm nnnm mmmn nmn mnmm nnm mmnm nnmm mmm nnn mmnn nmnm mmm nnnm mmmn nmn mnmm nnm mmnm nnmm mmm nnn mmnn nmnm mmm nnnm mmmn nmn mnmm nnm mmnm nnmm mmm nnn mmnn nmnm mmm nnnm mmmn nmn mnmm nnm mmnm nnmm mmm nnn mmnn nmnm mmm nnnm mmmn nmn mnmm nnm mmnm nnmm mmm nnn mmnn nmnm mmm nnnm
mm nnn mmm nnnn mm mmmn nnm mmmm nnnn mmn nmm mmnn nnmm mn mmnm nnnn mmm mnmn nm mmnm nnnn mmmn mm nmnm nnnn mmm nnmn mmnm nnnm mnnn mmm nnnn mmm mnmn nnnm mmmm nnn mmm nnnm mmn nnmm mm mmmn nnmm mmn nmnm mmm nnmm nmnm mmnn mmm nnnn mmm nnmm mmnn mnm mnnm nnm mmm mnmn nnm mmnm nnmm mmm nnn mmnn nmnm mmm nnnm mmmn nmn mnmm nnm mmnm nnmm mmm nnn mmnn mnmm nnm mmmn nmnm mmm nnnn mmm nmnm mmnn mm nmn mmm nnnn mmm nnnm mmn nmnm mmm nnm mmnn nmnm mmm nnnm mmmn nmn mnmm nnm mmnm nnmm mmm nnn mmnn nmnm mmm nnnm mmmn nmn mnmm nnm mmnm nnmm mmm nnn mmnn nmnm mmm nnnm mmmn nmn mnmm nnm mmnm nnmm mmm nnn mmnn nmnm mmm nnnm mmmn nmn mnmm nnm mmnm nnmm mmm nnn mmnn nmnm mmm nnnm mmmn nmn mnmm nnm mmnm nnmm mmm nnn mmnn nmnm mmm nnnm mmmn nmn mnmm nnm mmnm nnmm mmm nnn mmnn nmnm mmm nnnm mmmn nmn mnmm nnm mmnm nnmm mmm nnn mmnn nmnm mmm nnnm mmmn nmn mnmm nnm mmnm nnmm mmm nnn mmnn nmnm mmm nnnm mmmn nmn mnmm nnm mmnm nnmm mmm nnn mmnn nmnm mmm nnnm mmmn nmn mnmm nnm mmnm nnmm mmm nnn mmnn nmnm mmm nnnm mmmn nmn mnmm nnm mmnm nnmm mmm nnn mmnn nmnm mmm nnnm mmmn nmn mnmm nnm mmnm nnmm mmm nnn mmnn nmnm mmm nnnm mmmn nmn mnmm nnm mmnm nnmm mmm nnn mmnn nmnm mmm nnnm mmmn nmn mnmm nnm mmnm nnmm mmm nnn mmnn nmnm mmm nnnm mmmn nmn mnmm nnm mmnm nnmm mmm nnn mmnn nmnm mmm nnnm mmmn nmn mnmm nnm mmnm nnmm mmm nnn mmnn nmnm mmm nnnm mmmn nmn mnmm nnm mmnm nnmm mmm nnn mmnn nmnm mmm nnnm mmmn nmn mnmm nnm mmnm nnmm mmm nnn mmnn nmnm mmm nnnm mmmn nmn mnmm nnm mmnm nnmm mmm nnn mmnn nmnm mmm nnnm mmmn nmn mnmm nnm mmnm nnmm mmm nnn mmnn nmnm mmm nnnm mmmn nmn mnmm nnm mmnm nnmm mmm nnn mmnn nmnm mmm nnnm mmmn nmn mnmm nnm mmnm nnmm mmm nnn mmnn nmnm mmm nnnm
LEHN & HARDENBURGH
Phone No. 60
GIVE US A CHANCE
mm nnn mmm nnnn mm mmmn nnm mmmm nnnn mmn nmm mmnn nnmm mn mmnm nnnn mmm mnmn nm mmnm nnnn mmmn mm nmnm nnnn mmm nnmn mmnm nnnm mnnn mmm nnnn mmm mnmn nnnm mmmm nnn mmm nnnm mmn nnmm mm mmmn nnmm mmn nmnm mmm nnmm nmnm mmnn mmm nnnn mmm nnmm mmnn mnm mnnm nnm mmm mnmn nnm mmnm nnmm mmm nnn mmnn nmnm mmm nnnm mmmn nmn mnmm nnm mmnm nnmm mmm nnn mmnn mnmm nnm mmmn nmnm mmm nnnn mmm nmnm mmnn mm nmn mmm nnnn mmm nnnm mmn nmnm mmm nnm mmnn nmnm mmm nnnm mmmn nmn mnmm nnm mmnm nnmm mmm nnn mmnn nmnm mmm nnnm mmmn nmn mnmm nnm mmnm nnmm mmm nnn mmnn nmnm mmm nnnm mmmn nmn mnmm nnm mmnm nnmm mmm nnn mmnn nmnm mmm nnnm mmmn nmn mnmm nnm mmnm nnmm mmm nnn mmnn nmnm mmm nnnm mmmn nmn mnmm nnm mmnm nnmm mmm nnn mmnn nmnm mmm nnnm mmmn nmn mnmm nnm mmnm nnmm mmm nnn mmnn nmnm mmm nnnm mmmn nmn mnmm nnm mmnm nnmm mmm nnn mmnn nmnm mmm nnnm mmmn nmn mnmm nnm mmnm nnmm mmm nnn mmnn nmnm mmm nnnm mmmn nmn mnmm nnm mmnm nnmm mmm nnn mmnn nmnm mmm nnnm mmmn nmn mnmm nnm mmnm nnmm mmm nnn mmnn nmnm mmm nnnm mmmn nmn mnmm nnm mmnm nnmm mmm nnn mmnn nmnm mmm nnnm mmmn nmn mnmm nnm mmnm nnmm mmm nnn mmnn nmnm mmm nnnm mmmn nmn mnmm nnm mmnm nnmm mmm nnn mmnn nmnm mmm nnnm mmmn nmn mnmm nnm mmnm nnmm mmm nnn mmnn nmnm mmm nnnm mmmn nmn mnmm nnm mmnm nnmm mmm nnn mmnn nmnm mmm nnnm mmmn nmn mnmm nnm mmnm nnmm mmm nnn mmnn nmnm mmm nnnm mmmn nmn mnmm nnm mmnm nnmm mmm nnn mmnn nmnm mmm nnnm mmmn nmn mnmm nnm mmnm nnmm mmm nnn mmnn nmnm mmm nnnm mmmn nmn mnmm nnm mmnm nnmm mmm nnn mmnn nmnm mmm nnnm mmmn nmn mnmm nnm mmnm nnmm mmm nnn mmnn nmnm mmm nnnm mmmn nmn mnmm nnm mmnm nnmm mmm nnn mmnn nmnm mmm nnnm mmmn nmn mnmm nnm mmnm nnmm mmm nnn mmnn nmnm mmm nnnm
Sell You Furniture
mm nnn mmm nnnn mm mmmn nnm mmmm nnnn mmn nmm mmnn nnmm mn mmnm nnnn mmm mnmn nm mmnm nnnn mmmn mm nmnm nnnn mmm nnmn mmnm nnnm mnnn mmm nnnn mmm mnmn nnnm mmmm nnn mmm nnnm mmn nnmm mm mmmn nnmm mmn nmnm mmm nnmm nmnm mmnn mmm nnnn mmm nnmm mmnn mnm mnnm nnm mmm mnmn nnm mmnm nnmm mmm nnn mmnn nmnm mmm nnnm mmmn nmn mnmm nnm mmnm nnmm mmm nnn mmnn mnmm nnm mmmn nmnm mmm nnnn mmm nmnm mmnn mm nmn mmm nnnn mmm nnnm mmn nmnm mmm nnm mmnn nmnm mmm nnnm mmmn nmn mnmm nnm mmnm nnmm mmm nnn mmnn nmnm mmm nnnm mmmn nmn mnmm nnm mmnm nnmm mmm nnn mmnn nmnm mmm nnnm mmmn nmn mnmm nnm mmnm nnmm mmm nnn mmnn nmnm mmm nnnm mmmn nmn mnmm nnm mmnm nnmm mmm nnn mmnn nmnm mmm nnnm mmmn nmn mnmm nnm mmnm nnmm mmm nnn mmnn nmnm mmm nnnm mmmn nmn mnmm nnm mmnm nnmm mmm nnn mmnn nmnm mmm nnnm mmmn nmn mnmm nnm mmnm nnmm mmm nnn mmnn nmnm mmm nnnm mmmn nmn mnmm nnm mmnm nnmm mmm nnn mmnn nmnm mmm nnnm mmmn nmn mnmm nnm mmnm nnmm mmm nnn mmnn nmnm mmm nnnm mmmn nmn mnmm nnm mmnm nnmm mmm nnn mmnn nmnm mmm nnnm mmmn nmn mnmm nnm mmnm nnmm mmm nnn mmnn nmnm mmm nnnm mmmn nmn mnmm nnm mmnm nnmm mmm nnn mmnn nmnm mmm nnnm mmmn nmn mnmm nnm mmnm nnmm mmm nnn mmnn nmnm mmm nnnm mmmn nmn mnmm nnm mmnm nnmm mmm nnn mmnn nmnm mmm nnnm mmmn nmn mnmm nnm mmnm nnmm mmm nnn mmnn nmnm mmm nnnm mmmn nmn mnmm nnm mmnm nnmm mmm nnn mmnn nmnm mmm nnnm mmmn nmn mnmm nnm mmnm nnmm mmm nnn mmnn nmnm mmm nnnm mmmn nmn mnmm nnm mmnm nnmm mmm nnn mmnn nmnm mmm nnnm mmmn nmn mnmm nnm mmnm nnmm mmm nnn mmnn nmnm mmm nnnm mmmn nmn mnmm nnm mmnm nnmm mmm nnn mmnn nmnm mmm nnnm mmmn nmn mnmm nnm mmnm nnmm mmm nnn mmnn nmnm mmm nnnm mmmn nmn mnmm nnm mmnm nnmm mmm nnn mmnn nmnm mmm nnnm
Good Goods
CHEAP.
mm nnn mmm nnnn mm mmmn nnm mmmm nnnn mmn nmm mmnn nnmm mn mmnm nnnn mmm mnmn nm mmnm nnnn mmmn mm nmnm nnnn mmm nnmn mmnm nnnm mnnn mmm nnnn mmm mnmn nnnm mmmm nnn mmm nnnm mmn nnmm mm mmmn nnmm mmn nmnm mmm nnmm nmnm mmnn mmm nnnn mmm nnmm mmnn mnm mnnm nnm mmm mnmn nnm mmnm nnmm mmm nnn mmnn nmnm mmm nnnm mmmn nmn mnmm nnm mmnm nnmm mmm nnn mmnn mnmm nnm mmmn nmnm mmm nnnn mmm nmnm mmnn mm nmn mmm nnnn mmm nnnm mmn nmnm mmm nnm mmnn nmnm mmm nnnm mmmn nmn mnmm nnm mmnm nnmm mmm nnn mmnn nmnm mmm nnnm mmmn nmn mnmm nnm mmnm nnmm mmm nnn mmnn nmnm mmm nnnm mmmn nmn mnmm nnm mmnm nnmm mmm nnn mmnn nmnm mmm nnnm mmmn nmn mnmm nnm mmnm nnmm mmm nnn mmnn nmnm mmm nnnm mmmn nmn mnmm nnm mmnm nnmm mmm nnn mmnn nmnm mmm nnnm mmmn nmn mnmm nnm mmnm nnmm mmm nnn mmnn nmnm mmm nnnm mmmn nmn mnmm nnm mmnm nnmm mmm nnn mmnn nmnm mmm nnnm mmmn nmn mnmm nnm mmnm nnmm mmm nnn mmnn nmnm mmm nnnm mmmn nmn mnmm nnm mmnm nnmm mmm nnn mmnn nmnm mmm nnnm mmmn nmn mnmm nnm mmnm nnmm mmm nnn mmnn nmnm mmm nnnm mmmn nmn mnmm nnm mmnm nnmm mmm nnn mmnn nmnm mmm nnnm mmmn nmn mnmm nnm mmnm nnmm mmm nnn mmnn nmnm mmm nnnm mmmn nmn mnmm nnm mmnm nnmm mmm nnn mmnn nmnm mmm nnnm mmmn nmn mnmm nnm mmnm nnmm mmm nnn mmnn nmnm mmm nnnm mmmn nmn mnmm nnm mmnm nnmm mmm nnn mmnn nmnm mmm nnnm mmmn nmn mnmm nnm mmnm nnmm mmm nnn mmnn nmnm mmm nnnm mmmn nmn mnmm nnm mmnm nnmm mmm nnn mmnn nmnm mmm nnnm mmmn nmn mnmm nnm mmnm nnmm mmm nnn mmnn nmnm mmm nnnm mmmn nmn mnmm nnm mmnm nnmm mmm nnn mmnn nmnm mmm nnnm mmmn nmn mnmm nnm mmnm nnmm mmm nnn mmnn nmnm mmm nnnm mmmn nmn mnmm nnm mmnm nnmm mmm nnn mmnn nmnm mmm nnnm mmmn nmn mnmm nnm mmnm nnmm mmm nnn mmnn nmnm mmm nnnm
JENTER & RAUSCHENBERGER.
TEN PONIES
on the Scales,
How Much
do They Weigh?
GUESS!
mm nnn mmm nnnn mm mmmn nnm mmmm nnnn mmn nmm mmnn nnmm mn mmnm nnnn mmm mnmn nm mmnm nnnn mmmn mm nmnm nnnn mmm nnmn mmnm nnnm mnnn mmm nnnn mmm mnmn nnnm mmmm nnn mmm nnnm mmn nnmm mm mmmn nnmm mmn nmnm mmm nnmm nmnm mmnn mmm nnnn mmm nnmm mmnn mnm mnnm nnm mmm mnmn nnm mmnm nnmm mmm nnn mmnn nmnm mmm nnnm mmmn nmn mnmm nnm mmnm nnmm mmm nnn mmnn mnmm nnm mmmn nmnm mmm nnnn mmm nmnm mmnn mm nmn mmm nnnn mmm nnnm mmn nmnm mmm nnm mmnn nmnm mmm nnnm mmmn nmn mnmm nnm mmnm nnmm mmm nnn mmnn nmnm mmm nnnm mmmn nmn mnmm nnm mmnm nnmm mmm nnn mmnn nmnm mmm nnnm mmmn nmn mnmm nnm mmnm nnmm mmm nnn mmnn nmnm mmm nnnm mmmn nmn mnmm nnm mmnm nnmm mmm nnn mmnn nmnm mmm nnnm mmmn nmn mnmm nnm mmnm nnmm mmm nnn mmnn nmnm mmm nnnm mmmn nmn mnmm nnm mmnm nnmm mmm nnn mmnn nmnm mmm nnnm mmmn nmn mnmm nnm mmnm nnmm mmm nnn mmnn nmnm mmm nnnm mmmn nmn mnmm nnm mmnm nnmm mmm nnn mmnn nmnm mmm nnnm mmmn nmn mnmm nnm mmnm nnmm mmm nnn mmnn nmnm mmm nnnm mmmn nmn mnmm nnm mmnm nnmm mmm nnn mmnn nmnm mmm nnnm mmmn nmn mnmm nnm mmnm nnmm mmm nnn mmnn nmnm mmm nnnm mmmn nmn mnmm nnm mmnm nnmm mmm nnn mmnn nmnm mmm nnnm mmmn nmn mnmm nnm mmnm nnmm mmm nnn mmnn nmnm mmm nnnm mmmn nmn mnmm nnm mmnm nnmm mmm nnn mmnn nmnm mmm nnnm mmmn nmn mnmm nnm mmnm nnmm mmm nnn mmnn nmnm mmm nnnm mmmn nmn mnmm nnm mmnm nnmm mmm nnn mmnn nmnm mmm nnnm mmmn nmn mnmm nnm mmnm nnmm mmm nnn mmnn nmnm mmm nnnm mmmn nmn mnmm nnm mmnm nnmm mmm nnn mmnn nmnm mmm nnnm mmmn nmn mnmm nnm mmnm nnmm mmm nnn mmnn nmnm mmm nnnm mmmn nmn mnmm nnm mmnm nnmm mmm nnn mmnn nmnm mmm nnnm mmmn nmn mnmm nnm mmnm nnmm mmm nnn mmnn nmnm mmm nnnm mmmn nmn mnmm nnm mmnm nnmm mmm nnn mmnn nmnm mmm nnnm
Win a
Pony
mm nnn mmm nnnn mm mmmn nnm mmmm nnnn mmn nmm mmnn nnmm mn mmnm nnnn mmm mnmn nm mmnm nnnn mmmn mm nmnm nnnn mmm nnmn mmnm nnnm mnnn mmm nnnn mmm mnmn nnnm mmmm nnn mmm nnnm mmn nnmm mm mmmn nnmm mmn nmnm mmm nnmm nmnm mmnn mmm nnnn mmm nnmm mmnn mnm mnnm nnm mmm mnmn nnm mmnm nnmm mmm nnn mmnn nmnm mmm nnnm mmmn nmn mnmm nnm mmnm nnmm mmm nnn mmnn mnmm nnm mmmn nmnm mmm nnnn mmm nmnm mmnn mm nmn mmm nnnn mmm nnnm mmn nmnm mmm nnm mmnn nmnm mmm nnnm mmmn nmn mnmm nnm mmnm nnmm mmm nnn mmnn nmnm mmm nnnm mmmn nmn mnmm nnm mmnm nnmm mmm nnn mmnn nmnm mmm nnnm mmmn nmn mnmm nnm mmnm nnmm mmm nnn mmnn nmnm mmm nnnm mmmn nmn mnmm nnm mmnm nnmm mmm nnn mmnn nmnm mmm nnnm mmmn nmn mnmm nnm mmnm nnmm mmm nnn mmnn nmnm mmm nnnm mmmn nmn mnmm nnm mmnm nnmm mmm nnn mmnn nmnm mmm nnnm mmmn nmn mnmm nnm mmnm nnmm mmm nnn mmnn nmnm mmm nnnm mmmn nmn mnmm nnm mmnm nnmm mmm nnn mmnn nmnm mmm nnnm mmmn nmn mnmm nnm mmnm nnmm mmm nnn mmnn nmnm mmm nnnm mmmn nmn mnmm nnm mmnm nnmm mmm nnn mmnn nmnm mmm nnnm mmmn nmn mnmm nnm mmnm nnmm mmm nnn mmnn nmnm mmm nnnm mmmn nmn mnmm nnm mmnm nnmm mmm nnn mmnn nmnm mmm nnnm mmmn nmn mnmm nnm mmnm nnmm mmm nnn mmnn nmnm mmm nnnm mmmn nmn mnmm nnm mmnm nnmm mmm nnn mmnn nmnm mmm nnnm mmmn nmn mnmm nnm mmnm nnmm mmm nnn mmnn nmnm mmm nnnm mmmn nmn mnmm nnm mmnm nnmm mmm nnn mmnn nmnm mmm nnnm mmmn nmn mnmm nnm mmnm nnmm mmm nnn mmnn nmnm mmm nnnm mmmn nmn mnmm nnm mmnm nnmm mmm nnn mmnn nmnm mmm nnnm mmmn nmn mnmm nnm mmnm nnmm mmm nnn mmnn nmnm mmm nnnm mmmn nmn mnmm nnm mmnm nnmm mmm nnn mmnn nmnm mmm nnnm mmmn nmn mnmm nnm mmnm nnmm mmm nnn mmnn nmnm mmm nnnm mmmn nmn mnmm nnm mmnm nnmm mmm nnn mmnn nmnm mmm nnnm
YOCUM, MARX & CO.
A. B. Van DeMark & Co.
mm nnn mmm nnnn mm mmmn nnm mmmm nnnn mmn nmm mmnn nnmm mn mmnm nnnn mmm mnmn nm mmnm nnnn mmmn mm nmnm nnnn mmm nnmn mmnm nnnm mnnn mmm nnnn mmm mnmn nnnm mmmm nnn mmm nnnm mmn nnmm mm mmmn nnmm mmn nmnm mmm nnmm nmnm mmnn mmm nnnn mmm nnmm mmnn mnm mnnm nnm mmm mnmn nnm mmnm nnmm mmm nnn mmnn nmnm mmm nnnm mmmn nmn mnmm nnm mmnm nnmm mmm nnn mmnn mnmm nnm mmmn nmnm mmm nnnn mmm nmnm mmnn mm nmn mmm nnnn mmm nnnm mmn nmnm mmm nnm mmnn nmnm mmm nnnm mmmn nmn mnmm nnm mmnm nnmm mmm nnn mmnn nmnm mmm nnnm mmmn nmn mnmm nnm mmnm nnmm mmm nnn mmnn nmnm mmm nnnm mmmn nmn mnmm nnm mmnm nnmm mmm nnn mmnn nmnm mmm nnnm mmmn nmn mnmm nnm mmnm nnmm mmm nnn mmnn nmnm mmm nnnm mmmn nmn mnmm nnm mmnm nnmm mmm nnn mmnn nmnm mmm nnnm mmmn nmn mnmm nnm mmnm nnmm mmm nnn mmnn nmnm mmm nnnm mmmn nmn mnmm nnm mmnm nnmm mmm nnn mmnn nmnm mmm nnnm mmmn nmn mnmm nnm mmnm nnmm mmm nnn mmnn nmnm mmm nnnm mmmn nmn mnmm nnm mmnm nnmm mmm nnn mmnn nmnm mmm nnnm mmmn nmn mnmm nnm mmnm nnmm mmm nnn mmnn nmnm mmm nnnm mmmn nmn mnmm nnm mmnm nnmm mmm nnn mmnn nmnm mmm nnnm mmmn nmn mnmm nnm mmnm nnmm mmm nnn mmnn nmnm mmm nnnm mmmn nmn mnmm nnm mmnm nnmm mmm nnn mmnn nmnm mmm nnnm mmmn nmn mnmm nnm mmnm nnmm mmm nnn mmnn nmnm mmm nnnm mmmn nmn mnmm nnm mmnm nnmm mmm nnn mmnn nmnm mmm nnnm mmmn nmn mnmm nnm mmnm nnmm mmm nnn mmnn nmnm mmm nnnm mmmn nmn mnmm nnm mmnm nnmm mmm nnn mmnn nmnm mmm nnnm mmmn nmn mnmm nnm mmnm nnmm mmm nnn mmnn nmnm mmm nnnm mmmn nmn mnmm nnm mmnm nnmm mmm nnn mmnn nmnm mmm nnnm mmmn nmn mnmm nnm mmnm nnmm mmm nnn mmnn nmnm mmm nnnm mmmn nmn mnmm nnm mmnm nnmm mmm nnn mmnn nmnm mmm nnnm mmmn nmn mnmm nnm mmnm nnmm mmm nnn mmnn nmnm mmm nnnm
Hardware, Agricultural Implements, Wagons and Carriages.
Light and
Heavy HARNESSES
And Harness Sundries.
mm nnn mmm nnnn mm mmmn nnm mmmm nnnn mmn nmm mmnn nnmm mn mmnm nnnn mmm mnmn nm mmnm nnnn mmmn mm nmnm nnnn mmm nnmn mmnm nnnm mnnn mmm nnnn mmm mnmn nnnm mmmm nnn mmm nnnm mmn nnmm mm mmmn nnmm mmn nmnm mmm nnmm nmnm mmnn mmm nnnn mmm nnmm mmnn mnm mnnm nnm mmm mnmn nnm mmnm nnmm mmm nnn mmnn nmnm mmm nnnm mmmn nmn mnmm nnm mmnm nnmm mmm nnn mmnn mnmm nnm mmmn nmnm mmm nnnn mmm nmnm mmnn mm nmn mmm nnnn mmm nnnm mmn nmnm mmm nnm mmnn nmnm mmm nnnm mmmn nmn mnmm nnm mmnm nnmm mmm nnn mmnn nmnm mmm nnnm mmmn nmn mnmm nnm mmnm nnmm mmm nnn mmnn nmnm mmm nnnm mmmn nmn mnmm nnm mmnm nnmm mmm nnn mmnn nmnm mmm nnnm mmmn nmn mnmm nnm mmnm nnmm mmm nnn mmnn nmnm mmm nnnm mmmn nmn mnmm nnm mmnm nnmm mmm nnn mmnn nmnm mmm nnnm mmmn nmn mnmm nnm mmnm nnmm mmm nnn mmnn nmnm mmm nnnm mmmn nmn mnmm nnm mmnm nnmm mmm nnn mmnn nmnm mmm nnnm mmmn nmn mnmm nnm mmnm nnmm mmm nnn mmnn nmnm mmm nnnm mmmn nmn mnmm nnm mmnm nnmm mmm nnn mmnn nmnm mmm nnnm mmmn nmn mnmm nnm mmnm nnmm mmm nnn mmnn nmnm mmm nnnm mmmn nmn mnmm nnm mmnm nnmm mmm nnn mmnn nmnm mmm nnnm mmmn nmn mnmm nnm mmnm nnmm mmm nnn mmnn nmnm mmm nnnm mmmn nmn mnmm nnm mmnm nnmm mmm nnn mmnn nmnm mmm nnnm mmmn nmn mnmm nnm mmnm nnmm mmm nnn mmnn nmnm mmm nnnm mmmn nmn mnmm nnm mmnm nnmm mmm nnn mmnn nmnm mmm nnnm mmmn nmn mnmm nnm mmnm nnmm mmm nnn mmnn nmnm mmm nnnm mmmn nmn mnmm nnm mmnm nnmm mmm nnn mmnn nmnm mmm nnnm mmmn nmn mnmm nnm mmnm nnmm mmm nnn mmnn nmnm mmm nnnm mmmn nmn mnmm nnm mmnm nnmm mmm nnn mmnn nmnm mmm nnnm mmmn nmn mnmm nnm mmnm nnmm mmm nnn mmnn nmnm mmm nnnm mmmn nmn mnmm nnm mmnm nnmm mmm nnn mmnn nmnm mmm nnnm mmmn nmn mnmm nnm mmnm nnmm mmm nnn mmnn nmnm mmm nnnm
CLINTON, MICH.
Do We need an Introduction?
NOT ON YOUR LIFE.
mm nnn mmm nnnn mm mmmn nnm mmmm nnnn mmn nmm mmnn nnmm mn mmnm nnnn mmm mnmn nm mmnm nnnn mmmn mm nmnm nnnn mmm nnmn mmnm nnnm mnnn mmm nnnn mmm mnmn nnnm mmmm nnn mmm nnnm mmn nnmm mm mmmn nnmm mmn nmnm mmm nnmm nmnm mmnn mmm nnnn mmm nnmm mmnn mnm mnnm nnm mmm mnmn nnm mmnm nnmm mmm nnn mmnn nmnm mmm nnnm mmmn nmn mnmm nnm mmnm nnmm mmm nnn mmnn mnmm nnm mmmn nmnm mmm nnnn mmm nmnm mmnn mm nmn mmm nnnn mmm nnnm mmn nmnm mmm nnm mmnn nmnm mmm nnnm mmmn nmn mnmm nnm mmnm nnmm mmm nnn mmnn nmnm mmm nnnm mmmn nmn mnmm nnm mmnm nnmm mmm nnn mmnn nmnm mmm nnnm mmmn nmn mnmm nnm mmnm nnmm mmm nnn mmnn nmnm mmm nnnm mmmn nmn mnmm nnm mmnm nnmm mmm nnn mmnn nmnm mmm nnnm mmmn nmn mnmm nnm mmnm nnmm mmm nnn mmnn nmnm mmm nnnm mmmn nmn mnmm nnm mmnm nnmm mmm nnn mmnn nmnm mmm nnnm mmmn nmn mnmm nnm mmnm nnmm mmm nnn mmnn nmnm mmm nnnm mmmn nmn mnmm nnm mmnm nnmm mmm nnn mmnn nmnm mmm nnnm mmmn nmn mnmm nnm mmnm nnmm mmm nnn mmnn nmnm mmm nnnm mmmn nmn mnmm nnm mmnm nnmm mmm nnn mmnn nmnm mmm nnnm mmmn nmn mnmm nnm mmnm nnmm mmm nnn mmnn nmnm mmm nnnm mmmn nmn mnmm nnm mmnm nnmm mmm nnn mmnn nmnm mmm nnnm mmmn nmn mnmm nnm mmnm nnmm mmm nnn mmnn nmnm mmm nnnm mmmn nmn mnmm nnm mmnm nnmm mmm nnn mmnn nmnm mmm nnnm mmmn nmn mnmm nnm mmnm nnmm mmm nnn mmnn nmnm mmm nnnm mmmn nmn mnmm nnm mmnm nnmm mmm nnn mmnn nmnm mmm nnnm mmmn nmn mnmm nnm mmnm nnmm mmm nnn mmnn nmnm mmm nnnm mmmn nmn mnmm nnm mmnm nnmm mmm nnn mmnn nmnm mmm nnnm mmmn nmn mnmm nnm mmnm nnmm mmm nnn mmnn nmnm mmm nnnm mmmn nmn mnmm nnm mmnm nnmm mmm nnn mmnn nmnm mmm nnnm mmmn nmn mnmm nnm mmnm nnmm mmm nnn mmnn nmnm mmm nnnm mmmn nmn mnmm nnm mmnm nnmm mmm nnn mmnn nmnm mmm nnnm
Lumber, Lath or Shingles,
mm nnn mmm nnnn mm mmmn nnm mmmm nnnn mmn nmm mmnn nnmm mn mmnm nnnn mmm mnmn nm mmnm nnnn mmmn mm nmnm nnnn mmm nnmn mmnm nnnm mnnn mmm nnnn mmm mnmn nnnm mmmm nnn mmm nnnm mmn nnmm mm mmmn nnmm mmn nmnm mmm nnmm nmnm mmnn mmm nnnn mmm nnmm mmnn mnm mnnm nnm mmm mnmn nnm mmnm nnmm mmm nnn mmnn nmnm mmm nnnm mmmn nmn mnmm nnm mmnm nnmm mmm nnn mmnn mnmm nnm mmmn nmnm mmm nnnn mmm nmnm mmnn mm nmn mmm nnnn mmm nnnm mmn nmnm mmm nnm mmnn nmnm mmm nnnm mmmn nmn mnmm nnm mmnm nnmm mmm nnn mmnn nmnm mmm nnnm mmmn nmn mnmm nnm mmnm nnmm mmm nnn mmnn nmnm mmm nnnm mmmn nmn mnmm nnm mmnm nnmm mmm nnn mmnn nmnm mmm nnnm mmmn nmn mnmm nnm mmnm nnmm mmm nnn mmnn nmnm mmm nnnm mmmn nmn mnmm nnm mmnm nnmm mmm nnn mmnn nmnm mmm nnnm mmmn nmn mnmm nnm mmnm nnmm mmm nnn mmnn nmnm mmm nnnm mmmn nmn mnmm nnm mmnm nnmm mmm nnn mmnn nmnm mmm nnnm mmmn nmn mnmm nnm mmnm nnmm mmm nnn mmnn nmnm mmm nnnm mmmn nmn mnmm nnm mmnm nnmm mmm nnn mmnn nmnm mmm nnnm mmmn nmn mnmm nnm mmnm nnmm mmm nnn mmnn nmnm mmm nnnm mmmn nmn mnmm nnm mmnm nnmm mmm nnn mmnn nmnm mmm nnnm mmmn nmn mnmm nnm mmnm nnmm mmm nnn mmnn nmnm mmm nnnm mmmn nmn mnmm nnm mmnm nnmm mmm nnn mmnn nmnm mmm nnnm mmmn nmn mnmm nnm mmnm nnmm mmm nnn mmnn nmnm mmm nnnm mmmn nmn mnmm nnm mmnm nnmm mmm nnn mmnn nmnm mmm nnnm mmmn nmn mnmm nnm mmnm nnmm mmm nnn mmnn nmnm mmm nnnm mmmn nmn mnmm nnm mmnm nnmm mmm nnn mmnn nmnm mmm nnnm mmmn nmn mnmm nnm mmnm nnmm mmm nnn mmnn nmnm mmm nnnm mmmn nmn mnmm nnm mmnm nnmm mmm nnn mmnn nmnm mmm nnnm mmmn nmn mnmm nnm mmnm nnmm mmm nnn mmnn nmnm mmm nnnm mmmn nmn mnmm nnm mmnm nnmm mmm nnn mmnn nmnm mmm nnnm mmmn nmn mnmm nnm mmnm nnmm mmm nnn mmnn nmnm mmm nnnm
LIME, HAIR AND BRICK.
mm nnn mmm nnnn mm mmmn nnm mmmm nnnn mmn nmm mmnn nnmm mn mmnm nnnn mmm mnmn nm mmnm nnnn mmmn mm nmnm nnnn mmm nnmn mmnm nnnm mnnn mmm nnnn mmm mnmn nnnm mmmm nnn mmm nnnm mmn nnmm mm mmmn nnmm mmn nmnm mmm nnmm nmnm mmnn mmm nnnn mmm nnmm mmnn mnm mnnm nnm mmm mnmn nnm mmnm nnmm mmm nnn mmnn nmnm mmm nnnm mmmn nmn mnmm nnm mmnm nnmm mmm nnn mmnn mnmm nnm mmmn nmnm mmm nnnn mmm nmnm mmnn mm nmn mmm nnnn mmm nnnm mmn nmnm mmm nnm mmnn nmnm mmm nnnm mmmn nmn mnmm nnm mmnm nnmm mmm nnn mmnn nmnm mmm nnnm mmmn nmn mnmm nnm mmnm nnmm mmm nnn mmnn nmnm mmm nnnm mmmn nmn mnmm nnm mmnm nnmm mmm nnn mmnn nmnm mmm nnnm mmmn nmn mnmm nnm mmnm nnmm mmm nnn mmnn nmnm mmm nnnm mmmn nmn mnmm nnm mmnm nnmm mmm nnn mmnn nmnm mmm nnnm mmmn nmn mnmm nnm mmnm nnmm mmm nnn mmnn nmnm mmm nnnm mmmn nmn mnmm nnm mmnm nnmm mmm nnn mmnn nmnm mmm nnnm mmmn nmn mnmm nnm mmnm nnmm mmm nnn mmnn nmnm mmm nnnm mmmn nmn mnmm nnm mmnm nnmm mmm nnn mmnn nmnm mmm nnnm mmmn nmn mnmm nnm mmnm nnmm mmm nnn mmnn nmnm mmm nnnm mmmn nmn mnmm nnm mmnm nnmm mmm nnn mmnn nmnm mmm nnnm mmmn nmn mnmm nnm mmnm nnmm mmm nnn mmnn nmnm mmm nnnm mmmn nmn mnmm nnm mmnm nnmm mmm nnn mmnn nmnm mmm nnnm mmmn nmn mnmm nnm mmnm nnmm mmm nnn mmnn nmnm mmm nnnm mmmn nmn mnmm nnm mmnm nnmm mmm nnn mmnn nmnm mmm nnnm mmmn nmn mnmm nnm mmnm nnmm mmm nnn mmnn nmnm mmm nnnm mmmn nmn mnmm nnm mmnm nnmm mmm nnn mmnn nmnm mmm nnnm mmmn nmn mnmm nnm mmnm nnmm mmm nnn mmnn nmnm mmm nnnm mmmn nmn mnmm nnm mmnm nnmm mmm nnn mmnn nmnm mmm nnnm mmmn nmn mnmm nnm mmnm nnmm mmm nnn mmnn nmnm mmm nnnm mmmn nmn mnmm nnm mmnm nnmm mmm nnn mmnn nmnm mmm nnnm mmmn nmn mnmm nnm mmnm nnmm mmm nnn mmnn nmnm mmm nnnm
WESTGATE
MANCHESTER.
